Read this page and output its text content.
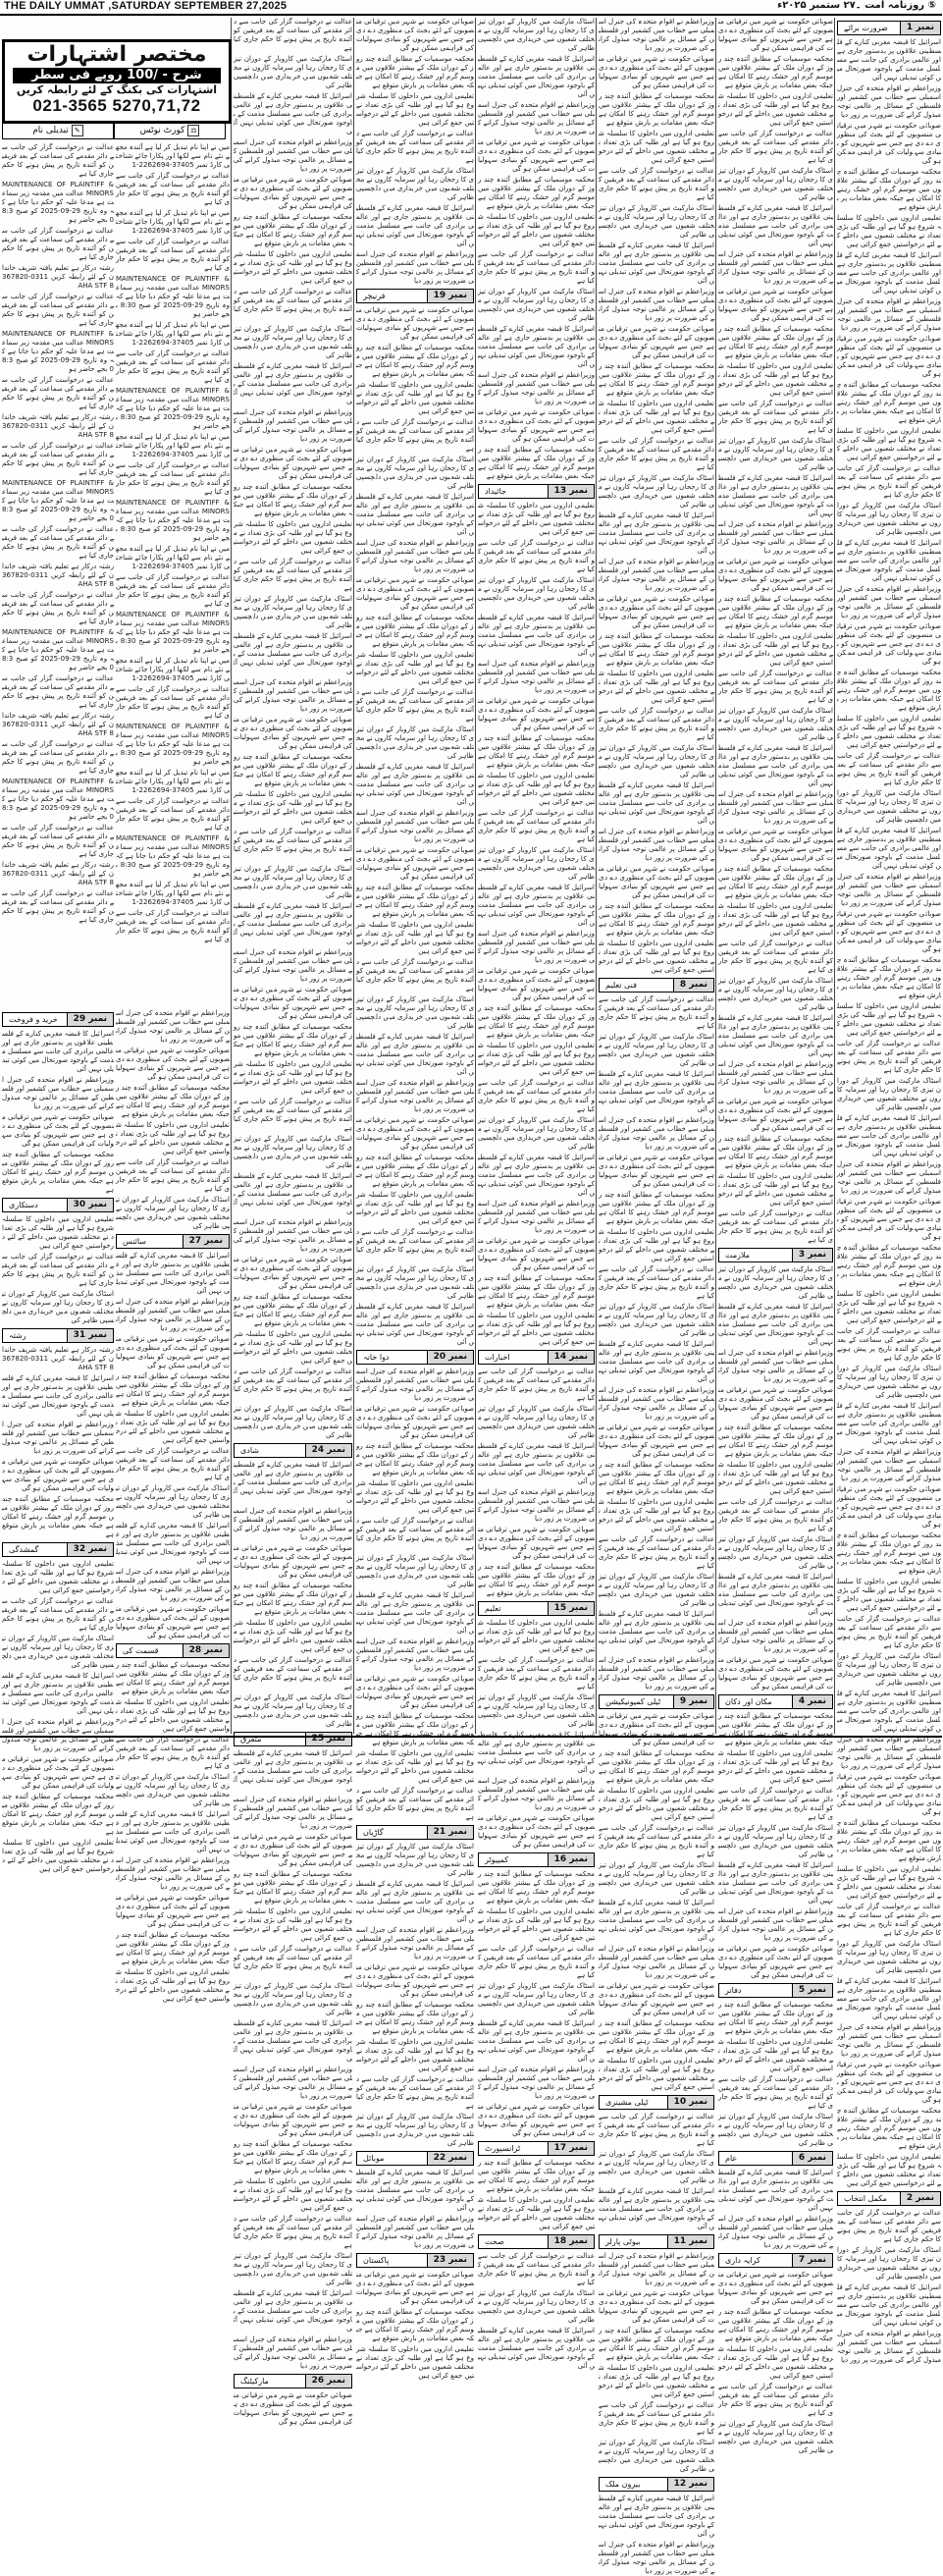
THE DAILY UMMAT ,SATURDAY SEPTEMBER 27,2025	⑤ روزنامہ امت ۔۲۷ ستمبر ۲۰۲۵ء
نمبر 1
ضرورت برائے

اسرائیل کا قبضہ مغربی کنارے کے فلسطینی علاقوں پر بدستور جاری ہے اور عالمی برادری کی جانب سے مسلسل مذمت کے باوجود صورتحال میں کوئی تبدیلی نہیں آئی

وزیراعظم نے اقوام متحدہ کی جنرل اسمبلی سے خطاب میں کشمیر اور فلسطین کے مسائل پر عالمی توجہ مبذول کرانے کی ضرورت پر زور دیا

صوبائی حکومت نے شہر میں ترقیاتی منصوبوں کے لئے بجٹ کی منظوری دے دی ہے جس سے شہریوں کو بنیادی سہولیات کی فراہمی ممکن ہو گی

محکمہ موسمیات کے مطابق آئندہ چند روز کے دوران ملک کے بیشتر علاقوں میں موسم گرم اور خشک رہنے کا امکان ہے جبکہ بعض مقامات پر بارش متوقع ہے

تعلیمی اداروں میں داخلوں کا سلسلہ شروع ہو گیا ہے اور طلبہ کی بڑی تعداد نے مختلف شعبوں میں داخلے کے لئے درخواستیں جمع کرائی ہیں

اسرائیل کا قبضہ مغربی کنارے کے فلسطینی علاقوں پر بدستور جاری ہے اور عالمی برادری کی جانب سے مسلسل مذمت کے باوجود صورتحال میں کوئی تبدیلی نہیں آئی

وزیراعظم نے اقوام متحدہ کی جنرل اسمبلی سے خطاب میں کشمیر اور فلسطین کے مسائل پر عالمی توجہ مبذول کرانے کی ضرورت پر زور دیا

صوبائی حکومت نے شہر میں ترقیاتی منصوبوں کے لئے بجٹ کی منظوری دے دی ہے جس سے شہریوں کو بنیادی سہولیات کی فراہمی ممکن ہو گی

محکمہ موسمیات کے مطابق آئندہ چند روز کے دوران ملک کے بیشتر علاقوں میں موسم گرم اور خشک رہنے کا امکان ہے جبکہ بعض مقامات پر بارش متوقع ہے

تعلیمی اداروں میں داخلوں کا سلسلہ شروع ہو گیا ہے اور طلبہ کی بڑی تعداد نے مختلف شعبوں میں داخلے کے لئے درخواستیں جمع کرائی ہیں

عدالت نے درخواست گزار کی جانب سے دائر مقدمے کی سماعت کے بعد فریقین کو آئندہ تاریخ پر پیش ہونے کا حکم جاری کیا ہے

اسٹاک مارکیٹ میں کاروبار کے دوران تیزی کا رجحان رہا اور سرمایہ کاروں نے مختلف شعبوں میں خریداری میں دلچسپی ظاہر کی

اسرائیل کا قبضہ مغربی کنارے کے فلسطینی علاقوں پر بدستور جاری ہے اور عالمی برادری کی جانب سے مسلسل مذمت کے باوجود صورتحال میں کوئی تبدیلی نہیں آئی

وزیراعظم نے اقوام متحدہ کی جنرل اسمبلی سے خطاب میں کشمیر اور فلسطین کے مسائل پر عالمی توجہ مبذول کرانے کی ضرورت پر زور دیا

صوبائی حکومت نے شہر میں ترقیاتی منصوبوں کے لئے بجٹ کی منظوری دے دی ہے جس سے شہریوں کو بنیادی سہولیات کی فراہمی ممکن ہو گی

محکمہ موسمیات کے مطابق آئندہ چند روز کے دوران ملک کے بیشتر علاقوں میں موسم گرم اور خشک رہنے کا امکان ہے جبکہ بعض مقامات پر بارش متوقع ہے

تعلیمی اداروں میں داخلوں کا سلسلہ شروع ہو گیا ہے اور طلبہ کی بڑی تعداد نے مختلف شعبوں میں داخلے کے لئے درخواستیں جمع کرائی ہیں

عدالت نے درخواست گزار کی جانب سے دائر مقدمے کی سماعت کے بعد فریقین کو آئندہ تاریخ پر پیش ہونے کا حکم جاری کیا ہے

اسٹاک مارکیٹ میں کاروبار کے دوران تیزی کا رجحان رہا اور سرمایہ کاروں نے مختلف شعبوں میں خریداری میں دلچسپی ظاہر کی

اسرائیل کا قبضہ مغربی کنارے کے فلسطینی علاقوں پر بدستور جاری ہے اور عالمی برادری کی جانب سے مسلسل مذمت کے باوجود صورتحال میں کوئی تبدیلی نہیں آئی

وزیراعظم نے اقوام متحدہ کی جنرل اسمبلی سے خطاب میں کشمیر اور فلسطین کے مسائل پر عالمی توجہ مبذول کرانے کی ضرورت پر زور دیا

صوبائی حکومت نے شہر میں ترقیاتی منصوبوں کے لئے بجٹ کی منظوری دے دی ہے جس سے شہریوں کو بنیادی سہولیات کی فراہمی ممکن ہو گی

محکمہ موسمیات کے مطابق آئندہ چند روز کے دوران ملک کے بیشتر علاقوں میں موسم گرم اور خشک رہنے کا امکان ہے جبکہ بعض مقامات پر بارش متوقع ہے

تعلیمی اداروں میں داخلوں کا سلسلہ شروع ہو گیا ہے اور طلبہ کی بڑی تعداد نے مختلف شعبوں میں داخلے کے لئے درخواستیں جمع کرائی ہیں

عدالت نے درخواست گزار کی جانب سے دائر مقدمے کی سماعت کے بعد فریقین کو آئندہ تاریخ پر پیش ہونے کا حکم جاری کیا ہے

اسٹاک مارکیٹ میں کاروبار کے دوران تیزی کا رجحان رہا اور سرمایہ کاروں نے مختلف شعبوں میں خریداری میں دلچسپی ظاہر کی

اسرائیل کا قبضہ مغربی کنارے کے فلسطینی علاقوں پر بدستور جاری ہے اور عالمی برادری کی جانب سے مسلسل مذمت کے باوجود صورتحال میں کوئی تبدیلی نہیں آئی

وزیراعظم نے اقوام متحدہ کی جنرل اسمبلی سے خطاب میں کشمیر اور فلسطین کے مسائل پر عالمی توجہ مبذول کرانے کی ضرورت پر زور دیا

صوبائی حکومت نے شہر میں ترقیاتی منصوبوں کے لئے بجٹ کی منظوری دے دی ہے جس سے شہریوں کو بنیادی سہولیات کی فراہمی ممکن ہو گی

محکمہ موسمیات کے مطابق آئندہ چند روز کے دوران ملک کے بیشتر علاقوں میں موسم گرم اور خشک رہنے کا امکان ہے جبکہ بعض مقامات پر بارش متوقع ہے

تعلیمی اداروں میں داخلوں کا سلسلہ شروع ہو گیا ہے اور طلبہ کی بڑی تعداد نے مختلف شعبوں میں داخلے کے لئے درخواستیں جمع کرائی ہیں

عدالت نے درخواست گزار کی جانب سے دائر مقدمے کی سماعت کے بعد فریقین کو آئندہ تاریخ پر پیش ہونے کا حکم جاری کیا ہے

اسٹاک مارکیٹ میں کاروبار کے دوران تیزی کا رجحان رہا اور سرمایہ کاروں نے مختلف شعبوں میں خریداری میں دلچسپی ظاہر کی

اسرائیل کا قبضہ مغربی کنارے کے فلسطینی علاقوں پر بدستور جاری ہے اور عالمی برادری کی جانب سے مسلسل مذمت کے باوجود صورتحال میں کوئی تبدیلی نہیں آئی

وزیراعظم نے اقوام متحدہ کی جنرل اسمبلی سے خطاب میں کشمیر اور فلسطین کے مسائل پر عالمی توجہ مبذول کرانے کی ضرورت پر زور دیا

صوبائی حکومت نے شہر میں ترقیاتی منصوبوں کے لئے بجٹ کی منظوری دے دی ہے جس سے شہریوں کو بنیادی سہولیات کی فراہمی ممکن ہو گی

محکمہ موسمیات کے مطابق آئندہ چند روز کے دوران ملک کے بیشتر علاقوں میں موسم گرم اور خشک رہنے کا امکان ہے جبکہ بعض مقامات پر بارش متوقع ہے

تعلیمی اداروں میں داخلوں کا سلسلہ شروع ہو گیا ہے اور طلبہ کی بڑی تعداد نے مختلف شعبوں میں داخلے کے لئے درخواستیں جمع کرائی ہیں

عدالت نے درخواست گزار کی جانب سے دائر مقدمے کی سماعت کے بعد فریقین کو آئندہ تاریخ پر پیش ہونے کا حکم جاری کیا ہے

اسٹاک مارکیٹ میں کاروبار کے دوران تیزی کا رجحان رہا اور سرمایہ کاروں نے مختلف شعبوں میں خریداری میں دلچسپی ظاہر کی

اسرائیل کا قبضہ مغربی کنارے کے فلسطینی علاقوں پر بدستور جاری ہے اور عالمی برادری کی جانب سے مسلسل مذمت کے باوجود صورتحال میں کوئی تبدیلی نہیں آئی

وزیراعظم نے اقوام متحدہ کی جنرل اسمبلی سے خطاب میں کشمیر اور فلسطین کے مسائل پر عالمی توجہ مبذول کرانے کی ضرورت پر زور دیا

صوبائی حکومت نے شہر میں ترقیاتی منصوبوں کے لئے بجٹ کی منظوری دے دی ہے جس سے شہریوں کو بنیادی سہولیات کی فراہمی ممکن ہو گی

محکمہ موسمیات کے مطابق آئندہ چند روز کے دوران ملک کے بیشتر علاقوں میں موسم گرم اور خشک رہنے کا امکان ہے جبکہ بعض مقامات پر بارش متوقع ہے

تعلیمی اداروں میں داخلوں کا سلسلہ شروع ہو گیا ہے اور طلبہ کی بڑی تعداد نے مختلف شعبوں میں داخلے کے لئے درخواستیں جمع کرائی ہیں

عدالت نے درخواست گزار کی جانب سے دائر مقدمے کی سماعت کے بعد فریقین کو آئندہ تاریخ پر پیش ہونے کا حکم جاری کیا ہے

اسٹاک مارکیٹ میں کاروبار کے دوران تیزی کا رجحان رہا اور سرمایہ کاروں نے مختلف شعبوں میں خریداری میں دلچسپی ظاہر کی

اسرائیل کا قبضہ مغربی کنارے کے فلسطینی علاقوں پر بدستور جاری ہے اور عالمی برادری کی جانب سے مسلسل مذمت کے باوجود صورتحال میں کوئی تبدیلی نہیں آئی

وزیراعظم نے اقوام متحدہ کی جنرل اسمبلی سے خطاب میں کشمیر اور فلسطین کے مسائل پر عالمی توجہ مبذول کرانے کی ضرورت پر زور دیا

صوبائی حکومت نے شہر میں ترقیاتی منصوبوں کے لئے بجٹ کی منظوری دے دی ہے جس سے شہریوں کو بنیادی سہولیات کی فراہمی ممکن ہو گی

محکمہ موسمیات کے مطابق آئندہ چند روز کے دوران ملک کے بیشتر علاقوں میں موسم گرم اور خشک رہنے کا امکان ہے جبکہ بعض مقامات پر بارش متوقع ہے

تعلیمی اداروں میں داخلوں کا سلسلہ شروع ہو گیا ہے اور طلبہ کی بڑی تعداد نے مختلف شعبوں میں داخلے کے لئے درخواستیں جمع کرائی ہیں

نمبر 2
مکمل انتخاب

عدالت نے درخواست گزار کی جانب سے دائر مقدمے کی سماعت کے بعد فریقین کو آئندہ تاریخ پر پیش ہونے کا حکم جاری کیا ہے

اسٹاک مارکیٹ میں کاروبار کے دوران تیزی کا رجحان رہا اور سرمایہ کاروں نے مختلف شعبوں میں خریداری میں دلچسپی ظاہر کی

اسرائیل کا قبضہ مغربی کنارے کے فلسطینی علاقوں پر بدستور جاری ہے اور عالمی برادری کی جانب سے مسلسل مذمت کے باوجود صورتحال میں کوئی تبدیلی نہیں آئی

وزیراعظم نے اقوام متحدہ کی جنرل اسمبلی سے خطاب میں کشمیر اور فلسطین کے مسائل پر عالمی توجہ مبذول کرانے کی ضرورت پر زور دیا

صوبائی حکومت نے شہر میں ترقیاتی منصوبوں کے لئے بجٹ کی منظوری دے دی ہے جس سے شہریوں کو بنیادی سہولیات کی فراہمی ممکن ہو گی

محکمہ موسمیات کے مطابق آئندہ چند روز کے دوران ملک کے بیشتر علاقوں میں موسم گرم اور خشک رہنے کا امکان ہے جبکہ بعض مقامات پر بارش متوقع ہے

تعلیمی اداروں میں داخلوں کا سلسلہ شروع ہو گیا ہے اور طلبہ کی بڑی تعداد نے مختلف شعبوں میں داخلے کے لئے درخواستیں جمع کرائی ہیں

عدالت نے درخواست گزار کی جانب سے دائر مقدمے کی سماعت کے بعد فریقین کو آئندہ تاریخ پر پیش ہونے کا حکم جاری کیا ہے

اسٹاک مارکیٹ میں کاروبار کے دوران تیزی کا رجحان رہا اور سرمایہ کاروں نے مختلف شعبوں میں خریداری میں دلچسپی ظاہر کی

اسرائیل کا قبضہ مغربی کنارے کے فلسطینی علاقوں پر بدستور جاری ہے اور عالمی برادری کی جانب سے مسلسل مذمت کے باوجود صورتحال میں کوئی تبدیلی نہیں آئی

وزیراعظم نے اقوام متحدہ کی جنرل اسمبلی سے خطاب میں کشمیر اور فلسطین کے مسائل پر عالمی توجہ مبذول کرانے کی ضرورت پر زور دیا

صوبائی حکومت نے شہر میں ترقیاتی منصوبوں کے لئے بجٹ کی منظوری دے دی ہے جس سے شہریوں کو بنیادی سہولیات کی فراہمی ممکن ہو گی

محکمہ موسمیات کے مطابق آئندہ چند روز کے دوران ملک کے بیشتر علاقوں میں موسم گرم اور خشک رہنے کا امکان ہے جبکہ بعض مقامات پر بارش متوقع ہے

تعلیمی اداروں میں داخلوں کا سلسلہ شروع ہو گیا ہے اور طلبہ کی بڑی تعداد نے مختلف شعبوں میں داخلے کے لئے درخواستیں جمع کرائی ہیں

عدالت نے درخواست گزار کی جانب سے دائر مقدمے کی سماعت کے بعد فریقین کو آئندہ تاریخ پر پیش ہونے کا حکم جاری کیا ہے

اسٹاک مارکیٹ میں کاروبار کے دوران تیزی کا رجحان رہا اور سرمایہ کاروں نے مختلف شعبوں میں خریداری میں دلچسپی ظاہر کی

اسرائیل کا قبضہ مغربی کنارے کے فلسطینی علاقوں پر بدستور جاری ہے اور عالمی برادری کی جانب سے مسلسل مذمت کے باوجود صورتحال میں کوئی تبدیلی نہیں آئی

وزیراعظم نے اقوام متحدہ کی جنرل اسمبلی سے خطاب میں کشمیر اور فلسطین کے مسائل پر عالمی توجہ مبذول کرانے کی ضرورت پر زور دیا

صوبائی حکومت نے شہر میں ترقیاتی منصوبوں کے لئے بجٹ کی منظوری دے دی ہے جس سے شہریوں کو بنیادی سہولیات کی فراہمی ممکن ہو گی

محکمہ موسمیات کے مطابق آئندہ چند روز کے دوران ملک کے بیشتر علاقوں میں موسم گرم اور خشک رہنے کا امکان ہے جبکہ بعض مقامات پر بارش متوقع ہے

تعلیمی اداروں میں داخلوں کا سلسلہ شروع ہو گیا ہے اور طلبہ کی بڑی تعداد نے مختلف شعبوں میں داخلے کے لئے درخواستیں جمع کرائی ہیں

عدالت نے درخواست گزار کی جانب سے دائر مقدمے کی سماعت کے بعد فریقین کو آئندہ تاریخ پر پیش ہونے کا حکم جاری کیا ہے

اسٹاک مارکیٹ میں کاروبار کے دوران تیزی کا رجحان رہا اور سرمایہ کاروں نے مختلف شعبوں میں خریداری میں دلچسپی ظاہر کی

اسرائیل کا قبضہ مغربی کنارے کے فلسطینی علاقوں پر بدستور جاری ہے اور عالمی برادری کی جانب سے مسلسل مذمت کے باوجود صورتحال میں کوئی تبدیلی نہیں آئی

وزیراعظم نے اقوام متحدہ کی جنرل اسمبلی سے خطاب میں کشمیر اور فلسطین کے مسائل پر عالمی توجہ مبذول کرانے کی ضرورت پر زور دیا

صوبائی حکومت نے شہر میں ترقیاتی منصوبوں کے لئے بجٹ کی منظوری دے دی ہے جس سے شہریوں کو بنیادی سہولیات کی فراہمی ممکن ہو گی

محکمہ موسمیات کے مطابق آئندہ چند روز کے دوران ملک کے بیشتر علاقوں میں موسم گرم اور خشک رہنے کا امکان ہے جبکہ بعض مقامات پر بارش متوقع ہے

تعلیمی اداروں میں داخلوں کا سلسلہ شروع ہو گیا ہے اور طلبہ کی بڑی تعداد نے مختلف شعبوں میں داخلے کے لئے درخواستیں جمع کرائی ہیں

عدالت نے درخواست گزار کی جانب سے دائر مقدمے کی سماعت کے بعد فریقین کو آئندہ تاریخ پر پیش ہونے کا حکم جاری کیا ہے

اسٹاک مارکیٹ میں کاروبار کے دوران تیزی کا رجحان رہا اور سرمایہ کاروں نے مختلف شعبوں میں خریداری میں دلچسپی ظاہر کی

اسرائیل کا قبضہ مغربی کنارے کے فلسطینی علاقوں پر بدستور جاری ہے اور عالمی برادری کی جانب سے مسلسل مذمت کے باوجود صورتحال میں کوئی تبدیلی نہیں آئی

وزیراعظم نے اقوام متحدہ کی جنرل اسمبلی سے خطاب میں کشمیر اور فلسطین کے مسائل پر عالمی توجہ مبذول کرانے کی ضرورت پر زور دیا

صوبائی حکومت نے شہر میں ترقیاتی منصوبوں کے لئے بجٹ کی منظوری دے دی ہے جس سے شہریوں کو بنیادی سہولیات کی فراہمی ممکن ہو گی

محکمہ موسمیات کے مطابق آئندہ چند روز کے دوران ملک کے بیشتر علاقوں میں موسم گرم اور خشک رہنے کا امکان ہے جبکہ بعض مقامات پر بارش متوقع ہے

تعلیمی اداروں میں داخلوں کا سلسلہ شروع ہو گیا ہے اور طلبہ کی بڑی تعداد نے مختلف شعبوں میں داخلے کے لئے درخواستیں جمع کرائی ہیں

عدالت نے درخواست گزار کی جانب سے دائر مقدمے کی سماعت کے بعد فریقین کو آئندہ تاریخ پر پیش ہونے کا حکم جاری کیا ہے

نمبر 3
ملازمت

اسٹاک مارکیٹ میں کاروبار کے دوران تیزی کا رجحان رہا اور سرمایہ کاروں نے مختلف شعبوں میں خریداری میں دلچسپی ظاہر کی

اسرائیل کا قبضہ مغربی کنارے کے فلسطینی علاقوں پر بدستور جاری ہے اور عالمی برادری کی جانب سے مسلسل مذمت کے باوجود صورتحال میں کوئی تبدیلی نہیں آئی

وزیراعظم نے اقوام متحدہ کی جنرل اسمبلی سے خطاب میں کشمیر اور فلسطین کے مسائل پر عالمی توجہ مبذول کرانے کی ضرورت پر زور دیا

صوبائی حکومت نے شہر میں ترقیاتی منصوبوں کے لئے بجٹ کی منظوری دے دی ہے جس سے شہریوں کو بنیادی سہولیات کی فراہمی ممکن ہو گی

محکمہ موسمیات کے مطابق آئندہ چند روز کے دوران ملک کے بیشتر علاقوں میں موسم گرم اور خشک رہنے کا امکان ہے جبکہ بعض مقامات پر بارش متوقع ہے

تعلیمی اداروں میں داخلوں کا سلسلہ شروع ہو گیا ہے اور طلبہ کی بڑی تعداد نے مختلف شعبوں میں داخلے کے لئے درخواستیں جمع کرائی ہیں

عدالت نے درخواست گزار کی جانب سے دائر مقدمے کی سماعت کے بعد فریقین کو آئندہ تاریخ پر پیش ہونے کا حکم جاری کیا ہے

اسٹاک مارکیٹ میں کاروبار کے دوران تیزی کا رجحان رہا اور سرمایہ کاروں نے مختلف شعبوں میں خریداری میں دلچسپی ظاہر کی

اسرائیل کا قبضہ مغربی کنارے کے فلسطینی علاقوں پر بدستور جاری ہے اور عالمی برادری کی جانب سے مسلسل مذمت کے باوجود صورتحال میں کوئی تبدیلی نہیں آئی

وزیراعظم نے اقوام متحدہ کی جنرل اسمبلی سے خطاب میں کشمیر اور فلسطین کے مسائل پر عالمی توجہ مبذول کرانے کی ضرورت پر زور دیا

صوبائی حکومت نے شہر میں ترقیاتی منصوبوں کے لئے بجٹ کی منظوری دے دی ہے جس سے شہریوں کو بنیادی سہولیات کی فراہمی ممکن ہو گی

نمبر 4
مکان اور دکان

محکمہ موسمیات کے مطابق آئندہ چند روز کے دوران ملک کے بیشتر علاقوں میں موسم گرم اور خشک رہنے کا امکان ہے جبکہ بعض مقامات پر بارش متوقع ہے

تعلیمی اداروں میں داخلوں کا سلسلہ شروع ہو گیا ہے اور طلبہ کی بڑی تعداد نے مختلف شعبوں میں داخلے کے لئے درخواستیں جمع کرائی ہیں

عدالت نے درخواست گزار کی جانب سے دائر مقدمے کی سماعت کے بعد فریقین کو آئندہ تاریخ پر پیش ہونے کا حکم جاری کیا ہے

اسٹاک مارکیٹ میں کاروبار کے دوران تیزی کا رجحان رہا اور سرمایہ کاروں نے مختلف شعبوں میں خریداری میں دلچسپی ظاہر کی

اسرائیل کا قبضہ مغربی کنارے کے فلسطینی علاقوں پر بدستور جاری ہے اور عالمی برادری کی جانب سے مسلسل مذمت کے باوجود صورتحال میں کوئی تبدیلی نہیں آئی

وزیراعظم نے اقوام متحدہ کی جنرل اسمبلی سے خطاب میں کشمیر اور فلسطین کے مسائل پر عالمی توجہ مبذول کرانے کی ضرورت پر زور دیا

صوبائی حکومت نے شہر میں ترقیاتی منصوبوں کے لئے بجٹ کی منظوری دے دی ہے جس سے شہریوں کو بنیادی سہولیات کی فراہمی ممکن ہو گی

نمبر 5
دفاتر

محکمہ موسمیات کے مطابق آئندہ چند روز کے دوران ملک کے بیشتر علاقوں میں موسم گرم اور خشک رہنے کا امکان ہے جبکہ بعض مقامات پر بارش متوقع ہے

تعلیمی اداروں میں داخلوں کا سلسلہ شروع ہو گیا ہے اور طلبہ کی بڑی تعداد نے مختلف شعبوں میں داخلے کے لئے درخواستیں جمع کرائی ہیں

عدالت نے درخواست گزار کی جانب سے دائر مقدمے کی سماعت کے بعد فریقین کو آئندہ تاریخ پر پیش ہونے کا حکم جاری کیا ہے

اسٹاک مارکیٹ میں کاروبار کے دوران تیزی کا رجحان رہا اور سرمایہ کاروں نے مختلف شعبوں میں خریداری میں دلچسپی ظاہر کی

نمبر 6
عام

اسرائیل کا قبضہ مغربی کنارے کے فلسطینی علاقوں پر بدستور جاری ہے اور عالمی برادری کی جانب سے مسلسل مذمت کے باوجود صورتحال میں کوئی تبدیلی نہیں آئی

وزیراعظم نے اقوام متحدہ کی جنرل اسمبلی سے خطاب میں کشمیر اور فلسطین کے مسائل پر عالمی توجہ مبذول کرانے کی ضرورت پر زور دیا

نمبر 7
کرایہ داری

صوبائی حکومت نے شہر میں ترقیاتی منصوبوں کے لئے بجٹ کی منظوری دے دی ہے جس سے شہریوں کو بنیادی سہولیات کی فراہمی ممکن ہو گی

محکمہ موسمیات کے مطابق آئندہ چند روز کے دوران ملک کے بیشتر علاقوں میں موسم گرم اور خشک رہنے کا امکان ہے جبکہ بعض مقامات پر بارش متوقع ہے

تعلیمی اداروں میں داخلوں کا سلسلہ شروع ہو گیا ہے اور طلبہ کی بڑی تعداد نے مختلف شعبوں میں داخلے کے لئے درخواستیں جمع کرائی ہیں

عدالت نے درخواست گزار کی جانب سے دائر مقدمے کی سماعت کے بعد فریقین کو آئندہ تاریخ پر پیش ہونے کا حکم جاری کیا ہے

اسٹاک مارکیٹ میں کاروبار کے دوران تیزی کا رجحان رہا اور سرمایہ کاروں نے مختلف شعبوں میں خریداری میں دلچسپی ظاہر کی

وزیراعظم نے اقوام متحدہ کی جنرل اسمبلی سے خطاب میں کشمیر اور فلسطین کے مسائل پر عالمی توجہ مبذول کرانے کی ضرورت پر زور دیا

صوبائی حکومت نے شہر میں ترقیاتی منصوبوں کے لئے بجٹ کی منظوری دے دی ہے جس سے شہریوں کو بنیادی سہولیات کی فراہمی ممکن ہو گی

محکمہ موسمیات کے مطابق آئندہ چند روز کے دوران ملک کے بیشتر علاقوں میں موسم گرم اور خشک رہنے کا امکان ہے جبکہ بعض مقامات پر بارش متوقع ہے

تعلیمی اداروں میں داخلوں کا سلسلہ شروع ہو گیا ہے اور طلبہ کی بڑی تعداد نے مختلف شعبوں میں داخلے کے لئے درخواستیں جمع کرائی ہیں

عدالت نے درخواست گزار کی جانب سے دائر مقدمے کی سماعت کے بعد فریقین کو آئندہ تاریخ پر پیش ہونے کا حکم جاری کیا ہے

اسٹاک مارکیٹ میں کاروبار کے دوران تیزی کا رجحان رہا اور سرمایہ کاروں نے مختلف شعبوں میں خریداری میں دلچسپی ظاہر کی

اسرائیل کا قبضہ مغربی کنارے کے فلسطینی علاقوں پر بدستور جاری ہے اور عالمی برادری کی جانب سے مسلسل مذمت کے باوجود صورتحال میں کوئی تبدیلی نہیں آئی

وزیراعظم نے اقوام متحدہ کی جنرل اسمبلی سے خطاب میں کشمیر اور فلسطین کے مسائل پر عالمی توجہ مبذول کرانے کی ضرورت پر زور دیا

صوبائی حکومت نے شہر میں ترقیاتی منصوبوں کے لئے بجٹ کی منظوری دے دی ہے جس سے شہریوں کو بنیادی سہولیات کی فراہمی ممکن ہو گی

محکمہ موسمیات کے مطابق آئندہ چند روز کے دوران ملک کے بیشتر علاقوں میں موسم گرم اور خشک رہنے کا امکان ہے جبکہ بعض مقامات پر بارش متوقع ہے

تعلیمی اداروں میں داخلوں کا سلسلہ شروع ہو گیا ہے اور طلبہ کی بڑی تعداد نے مختلف شعبوں میں داخلے کے لئے درخواستیں جمع کرائی ہیں

عدالت نے درخواست گزار کی جانب سے دائر مقدمے کی سماعت کے بعد فریقین کو آئندہ تاریخ پر پیش ہونے کا حکم جاری کیا ہے

اسٹاک مارکیٹ میں کاروبار کے دوران تیزی کا رجحان رہا اور سرمایہ کاروں نے مختلف شعبوں میں خریداری میں دلچسپی ظاہر کی

اسرائیل کا قبضہ مغربی کنارے کے فلسطینی علاقوں پر بدستور جاری ہے اور عالمی برادری کی جانب سے مسلسل مذمت کے باوجود صورتحال میں کوئی تبدیلی نہیں آئی

وزیراعظم نے اقوام متحدہ کی جنرل اسمبلی سے خطاب میں کشمیر اور فلسطین کے مسائل پر عالمی توجہ مبذول کرانے کی ضرورت پر زور دیا

صوبائی حکومت نے شہر میں ترقیاتی منصوبوں کے لئے بجٹ کی منظوری دے دی ہے جس سے شہریوں کو بنیادی سہولیات کی فراہمی ممکن ہو گی

محکمہ موسمیات کے مطابق آئندہ چند روز کے دوران ملک کے بیشتر علاقوں میں موسم گرم اور خشک رہنے کا امکان ہے جبکہ بعض مقامات پر بارش متوقع ہے

تعلیمی اداروں میں داخلوں کا سلسلہ شروع ہو گیا ہے اور طلبہ کی بڑی تعداد نے مختلف شعبوں میں داخلے کے لئے درخواستیں جمع کرائی ہیں

عدالت نے درخواست گزار کی جانب سے دائر مقدمے کی سماعت کے بعد فریقین کو آئندہ تاریخ پر پیش ہونے کا حکم جاری کیا ہے

اسٹاک مارکیٹ میں کاروبار کے دوران تیزی کا رجحان رہا اور سرمایہ کاروں نے مختلف شعبوں میں خریداری میں دلچسپی ظاہر کی

اسرائیل کا قبضہ مغربی کنارے کے فلسطینی علاقوں پر بدستور جاری ہے اور عالمی برادری کی جانب سے مسلسل مذمت کے باوجود صورتحال میں کوئی تبدیلی نہیں آئی

وزیراعظم نے اقوام متحدہ کی جنرل اسمبلی سے خطاب میں کشمیر اور فلسطین کے مسائل پر عالمی توجہ مبذول کرانے کی ضرورت پر زور دیا

صوبائی حکومت نے شہر میں ترقیاتی منصوبوں کے لئے بجٹ کی منظوری دے دی ہے جس سے شہریوں کو بنیادی سہولیات کی فراہمی ممکن ہو گی

محکمہ موسمیات کے مطابق آئندہ چند روز کے دوران ملک کے بیشتر علاقوں میں موسم گرم اور خشک رہنے کا امکان ہے جبکہ بعض مقامات پر بارش متوقع ہے

تعلیمی اداروں میں داخلوں کا سلسلہ شروع ہو گیا ہے اور طلبہ کی بڑی تعداد نے مختلف شعبوں میں داخلے کے لئے درخواستیں جمع کرائی ہیں

نمبر 8
فنی تعلیم

عدالت نے درخواست گزار کی جانب سے دائر مقدمے کی سماعت کے بعد فریقین کو آئندہ تاریخ پر پیش ہونے کا حکم جاری کیا ہے

اسٹاک مارکیٹ میں کاروبار کے دوران تیزی کا رجحان رہا اور سرمایہ کاروں نے مختلف شعبوں میں خریداری میں دلچسپی ظاہر کی

اسرائیل کا قبضہ مغربی کنارے کے فلسطینی علاقوں پر بدستور جاری ہے اور عالمی برادری کی جانب سے مسلسل مذمت کے باوجود صورتحال میں کوئی تبدیلی نہیں آئی

وزیراعظم نے اقوام متحدہ کی جنرل اسمبلی سے خطاب میں کشمیر اور فلسطین کے مسائل پر عالمی توجہ مبذول کرانے کی ضرورت پر زور دیا

صوبائی حکومت نے شہر میں ترقیاتی منصوبوں کے لئے بجٹ کی منظوری دے دی ہے جس سے شہریوں کو بنیادی سہولیات کی فراہمی ممکن ہو گی

محکمہ موسمیات کے مطابق آئندہ چند روز کے دوران ملک کے بیشتر علاقوں میں موسم گرم اور خشک رہنے کا امکان ہے جبکہ بعض مقامات پر بارش متوقع ہے

تعلیمی اداروں میں داخلوں کا سلسلہ شروع ہو گیا ہے اور طلبہ کی بڑی تعداد نے مختلف شعبوں میں داخلے کے لئے درخواستیں جمع کرائی ہیں

عدالت نے درخواست گزار کی جانب سے دائر مقدمے کی سماعت کے بعد فریقین کو آئندہ تاریخ پر پیش ہونے کا حکم جاری کیا ہے

اسٹاک مارکیٹ میں کاروبار کے دوران تیزی کا رجحان رہا اور سرمایہ کاروں نے مختلف شعبوں میں خریداری میں دلچسپی ظاہر کی

اسرائیل کا قبضہ مغربی کنارے کے فلسطینی علاقوں پر بدستور جاری ہے اور عالمی برادری کی جانب سے مسلسل مذمت کے باوجود صورتحال میں کوئی تبدیلی نہیں آئی

وزیراعظم نے اقوام متحدہ کی جنرل اسمبلی سے خطاب میں کشمیر اور فلسطین کے مسائل پر عالمی توجہ مبذول کرانے کی ضرورت پر زور دیا

صوبائی حکومت نے شہر میں ترقیاتی منصوبوں کے لئے بجٹ کی منظوری دے دی ہے جس سے شہریوں کو بنیادی سہولیات کی فراہمی ممکن ہو گی

محکمہ موسمیات کے مطابق آئندہ چند روز کے دوران ملک کے بیشتر علاقوں میں موسم گرم اور خشک رہنے کا امکان ہے جبکہ بعض مقامات پر بارش متوقع ہے

تعلیمی اداروں میں داخلوں کا سلسلہ شروع ہو گیا ہے اور طلبہ کی بڑی تعداد نے مختلف شعبوں میں داخلے کے لئے درخواستیں جمع کرائی ہیں

عدالت نے درخواست گزار کی جانب سے دائر مقدمے کی سماعت کے بعد فریقین کو آئندہ تاریخ پر پیش ہونے کا حکم جاری کیا ہے

اسٹاک مارکیٹ میں کاروبار کے دوران تیزی کا رجحان رہا اور سرمایہ کاروں نے مختلف شعبوں میں خریداری میں دلچسپی ظاہر کی

اسرائیل کا قبضہ مغربی کنارے کے فلسطینی علاقوں پر بدستور جاری ہے اور عالمی برادری کی جانب سے مسلسل مذمت کے باوجود صورتحال میں کوئی تبدیلی نہیں آئی

وزیراعظم نے اقوام متحدہ کی جنرل اسمبلی سے خطاب میں کشمیر اور فلسطین کے مسائل پر عالمی توجہ مبذول کرانے کی ضرورت پر زور دیا

نمبر 9
ٹیلی کمیونیکیشن

صوبائی حکومت نے شہر میں ترقیاتی منصوبوں کے لئے بجٹ کی منظوری دے دی ہے جس سے شہریوں کو بنیادی سہولیات کی فراہمی ممکن ہو گی

محکمہ موسمیات کے مطابق آئندہ چند روز کے دوران ملک کے بیشتر علاقوں میں موسم گرم اور خشک رہنے کا امکان ہے جبکہ بعض مقامات پر بارش متوقع ہے

تعلیمی اداروں میں داخلوں کا سلسلہ شروع ہو گیا ہے اور طلبہ کی بڑی تعداد نے مختلف شعبوں میں داخلے کے لئے درخواستیں جمع کرائی ہیں

عدالت نے درخواست گزار کی جانب سے دائر مقدمے کی سماعت کے بعد فریقین کو آئندہ تاریخ پر پیش ہونے کا حکم جاری کیا ہے

اسٹاک مارکیٹ میں کاروبار کے دوران تیزی کا رجحان رہا اور سرمایہ کاروں نے مختلف شعبوں میں خریداری میں دلچسپی ظاہر کی

اسرائیل کا قبضہ مغربی کنارے کے فلسطینی علاقوں پر بدستور جاری ہے اور عالمی برادری کی جانب سے مسلسل مذمت کے باوجود صورتحال میں کوئی تبدیلی نہیں آئی

وزیراعظم نے اقوام متحدہ کی جنرل اسمبلی سے خطاب میں کشمیر اور فلسطین کے مسائل پر عالمی توجہ مبذول کرانے کی ضرورت پر زور دیا

صوبائی حکومت نے شہر میں ترقیاتی منصوبوں کے لئے بجٹ کی منظوری دے دی ہے جس سے شہریوں کو بنیادی سہولیات کی فراہمی ممکن ہو گی

محکمہ موسمیات کے مطابق آئندہ چند روز کے دوران ملک کے بیشتر علاقوں میں موسم گرم اور خشک رہنے کا امکان ہے جبکہ بعض مقامات پر بارش متوقع ہے

تعلیمی اداروں میں داخلوں کا سلسلہ شروع ہو گیا ہے اور طلبہ کی بڑی تعداد نے مختلف شعبوں میں داخلے کے لئے درخواستیں جمع کرائی ہیں

نمبر 10
ٹیلی مشینری

عدالت نے درخواست گزار کی جانب سے دائر مقدمے کی سماعت کے بعد فریقین کو آئندہ تاریخ پر پیش ہونے کا حکم جاری کیا ہے

اسٹاک مارکیٹ میں کاروبار کے دوران تیزی کا رجحان رہا اور سرمایہ کاروں نے مختلف شعبوں میں خریداری میں دلچسپی ظاہر کی

اسرائیل کا قبضہ مغربی کنارے کے فلسطینی علاقوں پر بدستور جاری ہے اور عالمی برادری کی جانب سے مسلسل مذمت کے باوجود صورتحال میں کوئی تبدیلی نہیں آئی

نمبر 11
بیوٹی پارلر

وزیراعظم نے اقوام متحدہ کی جنرل اسمبلی سے خطاب میں کشمیر اور فلسطین کے مسائل پر عالمی توجہ مبذول کرانے کی ضرورت پر زور دیا

صوبائی حکومت نے شہر میں ترقیاتی منصوبوں کے لئے بجٹ کی منظوری دے دی ہے جس سے شہریوں کو بنیادی سہولیات کی فراہمی ممکن ہو گی

محکمہ موسمیات کے مطابق آئندہ چند روز کے دوران ملک کے بیشتر علاقوں میں موسم گرم اور خشک رہنے کا امکان ہے جبکہ بعض مقامات پر بارش متوقع ہے

تعلیمی اداروں میں داخلوں کا سلسلہ شروع ہو گیا ہے اور طلبہ کی بڑی تعداد نے مختلف شعبوں میں داخلے کے لئے درخواستیں جمع کرائی ہیں

عدالت نے درخواست گزار کی جانب سے دائر مقدمے کی سماعت کے بعد فریقین کو آئندہ تاریخ پر پیش ہونے کا حکم جاری کیا ہے

اسٹاک مارکیٹ میں کاروبار کے دوران تیزی کا رجحان رہا اور سرمایہ کاروں نے مختلف شعبوں میں خریداری میں دلچسپی ظاہر کی

نمبر 12
بیرون ملک

اسرائیل کا قبضہ مغربی کنارے کے فلسطینی علاقوں پر بدستور جاری ہے اور عالمی برادری کی جانب سے مسلسل مذمت کے باوجود صورتحال میں کوئی تبدیلی نہیں آئی

وزیراعظم نے اقوام متحدہ کی جنرل اسمبلی سے خطاب میں کشمیر اور فلسطین کے مسائل پر عالمی توجہ مبذول کرانے کی ضرورت پر زور دیا

اسٹاک مارکیٹ میں کاروبار کے دوران تیزی کا رجحان رہا اور سرمایہ کاروں نے مختلف شعبوں میں خریداری میں دلچسپی ظاہر کی

اسرائیل کا قبضہ مغربی کنارے کے فلسطینی علاقوں پر بدستور جاری ہے اور عالمی برادری کی جانب سے مسلسل مذمت کے باوجود صورتحال میں کوئی تبدیلی نہیں آئی

وزیراعظم نے اقوام متحدہ کی جنرل اسمبلی سے خطاب میں کشمیر اور فلسطین کے مسائل پر عالمی توجہ مبذول کرانے کی ضرورت پر زور دیا

صوبائی حکومت نے شہر میں ترقیاتی منصوبوں کے لئے بجٹ کی منظوری دے دی ہے جس سے شہریوں کو بنیادی سہولیات کی فراہمی ممکن ہو گی

محکمہ موسمیات کے مطابق آئندہ چند روز کے دوران ملک کے بیشتر علاقوں میں موسم گرم اور خشک رہنے کا امکان ہے جبکہ بعض مقامات پر بارش متوقع ہے

تعلیمی اداروں میں داخلوں کا سلسلہ شروع ہو گیا ہے اور طلبہ کی بڑی تعداد نے مختلف شعبوں میں داخلے کے لئے درخواستیں جمع کرائی ہیں

عدالت نے درخواست گزار کی جانب سے دائر مقدمے کی سماعت کے بعد فریقین کو آئندہ تاریخ پر پیش ہونے کا حکم جاری کیا ہے

اسٹاک مارکیٹ میں کاروبار کے دوران تیزی کا رجحان رہا اور سرمایہ کاروں نے مختلف شعبوں میں خریداری میں دلچسپی ظاہر کی

اسرائیل کا قبضہ مغربی کنارے کے فلسطینی علاقوں پر بدستور جاری ہے اور عالمی برادری کی جانب سے مسلسل مذمت کے باوجود صورتحال میں کوئی تبدیلی نہیں آئی

وزیراعظم نے اقوام متحدہ کی جنرل اسمبلی سے خطاب میں کشمیر اور فلسطین کے مسائل پر عالمی توجہ مبذول کرانے کی ضرورت پر زور دیا

صوبائی حکومت نے شہر میں ترقیاتی منصوبوں کے لئے بجٹ کی منظوری دے دی ہے جس سے شہریوں کو بنیادی سہولیات کی فراہمی ممکن ہو گی

محکمہ موسمیات کے مطابق آئندہ چند روز کے دوران ملک کے بیشتر علاقوں میں موسم گرم اور خشک رہنے کا امکان ہے جبکہ بعض مقامات پر بارش متوقع ہے

نمبر 13
جائیداد

تعلیمی اداروں میں داخلوں کا سلسلہ شروع ہو گیا ہے اور طلبہ کی بڑی تعداد نے مختلف شعبوں میں داخلے کے لئے درخواستیں جمع کرائی ہیں

عدالت نے درخواست گزار کی جانب سے دائر مقدمے کی سماعت کے بعد فریقین کو آئندہ تاریخ پر پیش ہونے کا حکم جاری کیا ہے

اسٹاک مارکیٹ میں کاروبار کے دوران تیزی کا رجحان رہا اور سرمایہ کاروں نے مختلف شعبوں میں خریداری میں دلچسپی ظاہر کی

اسرائیل کا قبضہ مغربی کنارے کے فلسطینی علاقوں پر بدستور جاری ہے اور عالمی برادری کی جانب سے مسلسل مذمت کے باوجود صورتحال میں کوئی تبدیلی نہیں آئی

وزیراعظم نے اقوام متحدہ کی جنرل اسمبلی سے خطاب میں کشمیر اور فلسطین کے مسائل پر عالمی توجہ مبذول کرانے کی ضرورت پر زور دیا

صوبائی حکومت نے شہر میں ترقیاتی منصوبوں کے لئے بجٹ کی منظوری دے دی ہے جس سے شہریوں کو بنیادی سہولیات کی فراہمی ممکن ہو گی

محکمہ موسمیات کے مطابق آئندہ چند روز کے دوران ملک کے بیشتر علاقوں میں موسم گرم اور خشک رہنے کا امکان ہے جبکہ بعض مقامات پر بارش متوقع ہے

تعلیمی اداروں میں داخلوں کا سلسلہ شروع ہو گیا ہے اور طلبہ کی بڑی تعداد نے مختلف شعبوں میں داخلے کے لئے درخواستیں جمع کرائی ہیں

عدالت نے درخواست گزار کی جانب سے دائر مقدمے کی سماعت کے بعد فریقین کو آئندہ تاریخ پر پیش ہونے کا حکم جاری کیا ہے

اسٹاک مارکیٹ میں کاروبار کے دوران تیزی کا رجحان رہا اور سرمایہ کاروں نے مختلف شعبوں میں خریداری میں دلچسپی ظاہر کی

اسرائیل کا قبضہ مغربی کنارے کے فلسطینی علاقوں پر بدستور جاری ہے اور عالمی برادری کی جانب سے مسلسل مذمت کے باوجود صورتحال میں کوئی تبدیلی نہیں آئی

وزیراعظم نے اقوام متحدہ کی جنرل اسمبلی سے خطاب میں کشمیر اور فلسطین کے مسائل پر عالمی توجہ مبذول کرانے کی ضرورت پر زور دیا

صوبائی حکومت نے شہر میں ترقیاتی منصوبوں کے لئے بجٹ کی منظوری دے دی ہے جس سے شہریوں کو بنیادی سہولیات کی فراہمی ممکن ہو گی

محکمہ موسمیات کے مطابق آئندہ چند روز کے دوران ملک کے بیشتر علاقوں میں موسم گرم اور خشک رہنے کا امکان ہے جبکہ بعض مقامات پر بارش متوقع ہے

تعلیمی اداروں میں داخلوں کا سلسلہ شروع ہو گیا ہے اور طلبہ کی بڑی تعداد نے مختلف شعبوں میں داخلے کے لئے درخواستیں جمع کرائی ہیں

عدالت نے درخواست گزار کی جانب سے دائر مقدمے کی سماعت کے بعد فریقین کو آئندہ تاریخ پر پیش ہونے کا حکم جاری کیا ہے

اسٹاک مارکیٹ میں کاروبار کے دوران تیزی کا رجحان رہا اور سرمایہ کاروں نے مختلف شعبوں میں خریداری میں دلچسپی ظاہر کی

اسرائیل کا قبضہ مغربی کنارے کے فلسطینی علاقوں پر بدستور جاری ہے اور عالمی برادری کی جانب سے مسلسل مذمت کے باوجود صورتحال میں کوئی تبدیلی نہیں آئی

وزیراعظم نے اقوام متحدہ کی جنرل اسمبلی سے خطاب میں کشمیر اور فلسطین کے مسائل پر عالمی توجہ مبذول کرانے کی ضرورت پر زور دیا

صوبائی حکومت نے شہر میں ترقیاتی منصوبوں کے لئے بجٹ کی منظوری دے دی ہے جس سے شہریوں کو بنیادی سہولیات کی فراہمی ممکن ہو گی

محکمہ موسمیات کے مطابق آئندہ چند روز کے دوران ملک کے بیشتر علاقوں میں موسم گرم اور خشک رہنے کا امکان ہے جبکہ بعض مقامات پر بارش متوقع ہے

تعلیمی اداروں میں داخلوں کا سلسلہ شروع ہو گیا ہے اور طلبہ کی بڑی تعداد نے مختلف شعبوں میں داخلے کے لئے درخواستیں جمع کرائی ہیں

نمبر 14
اخبارات

عدالت نے درخواست گزار کی جانب سے دائر مقدمے کی سماعت کے بعد فریقین کو آئندہ تاریخ پر پیش ہونے کا حکم جاری کیا ہے

اسٹاک مارکیٹ میں کاروبار کے دوران تیزی کا رجحان رہا اور سرمایہ کاروں نے مختلف شعبوں میں خریداری میں دلچسپی ظاہر کی

اسرائیل کا قبضہ مغربی کنارے کے فلسطینی علاقوں پر بدستور جاری ہے اور عالمی برادری کی جانب سے مسلسل مذمت کے باوجود صورتحال میں کوئی تبدیلی نہیں آئی

وزیراعظم نے اقوام متحدہ کی جنرل اسمبلی سے خطاب میں کشمیر اور فلسطین کے مسائل پر عالمی توجہ مبذول کرانے کی ضرورت پر زور دیا

صوبائی حکومت نے شہر میں ترقیاتی منصوبوں کے لئے بجٹ کی منظوری دے دی ہے جس سے شہریوں کو بنیادی سہولیات کی فراہمی ممکن ہو گی

محکمہ موسمیات کے مطابق آئندہ چند روز کے دوران ملک کے بیشتر علاقوں میں موسم گرم اور خشک رہنے کا امکان ہے جبکہ بعض مقامات پر بارش متوقع ہے

نمبر 15
تعلیم

تعلیمی اداروں میں داخلوں کا سلسلہ شروع ہو گیا ہے اور طلبہ کی بڑی تعداد نے مختلف شعبوں میں داخلے کے لئے درخواستیں جمع کرائی ہیں

عدالت نے درخواست گزار کی جانب سے دائر مقدمے کی سماعت کے بعد فریقین کو آئندہ تاریخ پر پیش ہونے کا حکم جاری کیا ہے

اسٹاک مارکیٹ میں کاروبار کے دوران تیزی کا رجحان رہا اور سرمایہ کاروں نے مختلف شعبوں میں خریداری میں دلچسپی ظاہر کی

اسرائیل کا قبضہ مغربی کنارے کے فلسطینی علاقوں پر بدستور جاری ہے اور عالمی برادری کی جانب سے مسلسل مذمت کے باوجود صورتحال میں کوئی تبدیلی نہیں آئی

وزیراعظم نے اقوام متحدہ کی جنرل اسمبلی سے خطاب میں کشمیر اور فلسطین کے مسائل پر عالمی توجہ مبذول کرانے کی ضرورت پر زور دیا

صوبائی حکومت نے شہر میں ترقیاتی منصوبوں کے لئے بجٹ کی منظوری دے دی ہے جس سے شہریوں کو بنیادی سہولیات کی فراہمی ممکن ہو گی

نمبر 16
کمپیوٹر

محکمہ موسمیات کے مطابق آئندہ چند روز کے دوران ملک کے بیشتر علاقوں میں موسم گرم اور خشک رہنے کا امکان ہے جبکہ بعض مقامات پر بارش متوقع ہے

تعلیمی اداروں میں داخلوں کا سلسلہ شروع ہو گیا ہے اور طلبہ کی بڑی تعداد نے مختلف شعبوں میں داخلے کے لئے درخواستیں جمع کرائی ہیں

عدالت نے درخواست گزار کی جانب سے دائر مقدمے کی سماعت کے بعد فریقین کو آئندہ تاریخ پر پیش ہونے کا حکم جاری کیا ہے

اسٹاک مارکیٹ میں کاروبار کے دوران تیزی کا رجحان رہا اور سرمایہ کاروں نے مختلف شعبوں میں خریداری میں دلچسپی ظاہر کی

اسرائیل کا قبضہ مغربی کنارے کے فلسطینی علاقوں پر بدستور جاری ہے اور عالمی برادری کی جانب سے مسلسل مذمت کے باوجود صورتحال میں کوئی تبدیلی نہیں آئی

وزیراعظم نے اقوام متحدہ کی جنرل اسمبلی سے خطاب میں کشمیر اور فلسطین کے مسائل پر عالمی توجہ مبذول کرانے کی ضرورت پر زور دیا

صوبائی حکومت نے شہر میں ترقیاتی منصوبوں کے لئے بجٹ کی منظوری دے دی ہے جس سے شہریوں کو بنیادی سہولیات کی فراہمی ممکن ہو گی

نمبر 17
ٹرانسپورٹ

محکمہ موسمیات کے مطابق آئندہ چند روز کے دوران ملک کے بیشتر علاقوں میں موسم گرم اور خشک رہنے کا امکان ہے جبکہ بعض مقامات پر بارش متوقع ہے

تعلیمی اداروں میں داخلوں کا سلسلہ شروع ہو گیا ہے اور طلبہ کی بڑی تعداد نے مختلف شعبوں میں داخلے کے لئے درخواستیں جمع کرائی ہیں

نمبر 18
صحت

عدالت نے درخواست گزار کی جانب سے دائر مقدمے کی سماعت کے بعد فریقین کو آئندہ تاریخ پر پیش ہونے کا حکم جاری کیا ہے

اسٹاک مارکیٹ میں کاروبار کے دوران تیزی کا رجحان رہا اور سرمایہ کاروں نے مختلف شعبوں میں خریداری میں دلچسپی ظاہر کی

اسرائیل کا قبضہ مغربی کنارے کے فلسطینی علاقوں پر بدستور جاری ہے اور عالمی برادری کی جانب سے مسلسل مذمت کے باوجود صورتحال میں کوئی تبدیلی نہیں آئی

صوبائی حکومت نے شہر میں ترقیاتی منصوبوں کے لئے بجٹ کی منظوری دے دی ہے جس سے شہریوں کو بنیادی سہولیات کی فراہمی ممکن ہو گی

محکمہ موسمیات کے مطابق آئندہ چند روز کے دوران ملک کے بیشتر علاقوں میں موسم گرم اور خشک رہنے کا امکان ہے جبکہ بعض مقامات پر بارش متوقع ہے

تعلیمی اداروں میں داخلوں کا سلسلہ شروع ہو گیا ہے اور طلبہ کی بڑی تعداد نے مختلف شعبوں میں داخلے کے لئے درخواستیں جمع کرائی ہیں

عدالت نے درخواست گزار کی جانب سے دائر مقدمے کی سماعت کے بعد فریقین کو آئندہ تاریخ پر پیش ہونے کا حکم جاری کیا ہے

اسٹاک مارکیٹ میں کاروبار کے دوران تیزی کا رجحان رہا اور سرمایہ کاروں نے مختلف شعبوں میں خریداری میں دلچسپی ظاہر کی

اسرائیل کا قبضہ مغربی کنارے کے فلسطینی علاقوں پر بدستور جاری ہے اور عالمی برادری کی جانب سے مسلسل مذمت کے باوجود صورتحال میں کوئی تبدیلی نہیں آئی

وزیراعظم نے اقوام متحدہ کی جنرل اسمبلی سے خطاب میں کشمیر اور فلسطین کے مسائل پر عالمی توجہ مبذول کرانے کی ضرورت پر زور دیا

نمبر 19
فرنیچر

صوبائی حکومت نے شہر میں ترقیاتی منصوبوں کے لئے بجٹ کی منظوری دے دی ہے جس سے شہریوں کو بنیادی سہولیات کی فراہمی ممکن ہو گی

محکمہ موسمیات کے مطابق آئندہ چند روز کے دوران ملک کے بیشتر علاقوں میں موسم گرم اور خشک رہنے کا امکان ہے جبکہ بعض مقامات پر بارش متوقع ہے

تعلیمی اداروں میں داخلوں کا سلسلہ شروع ہو گیا ہے اور طلبہ کی بڑی تعداد نے مختلف شعبوں میں داخلے کے لئے درخواستیں جمع کرائی ہیں

عدالت نے درخواست گزار کی جانب سے دائر مقدمے کی سماعت کے بعد فریقین کو آئندہ تاریخ پر پیش ہونے کا حکم جاری کیا ہے

اسٹاک مارکیٹ میں کاروبار کے دوران تیزی کا رجحان رہا اور سرمایہ کاروں نے مختلف شعبوں میں خریداری میں دلچسپی ظاہر کی

اسرائیل کا قبضہ مغربی کنارے کے فلسطینی علاقوں پر بدستور جاری ہے اور عالمی برادری کی جانب سے مسلسل مذمت کے باوجود صورتحال میں کوئی تبدیلی نہیں آئی

وزیراعظم نے اقوام متحدہ کی جنرل اسمبلی سے خطاب میں کشمیر اور فلسطین کے مسائل پر عالمی توجہ مبذول کرانے کی ضرورت پر زور دیا

صوبائی حکومت نے شہر میں ترقیاتی منصوبوں کے لئے بجٹ کی منظوری دے دی ہے جس سے شہریوں کو بنیادی سہولیات کی فراہمی ممکن ہو گی

محکمہ موسمیات کے مطابق آئندہ چند روز کے دوران ملک کے بیشتر علاقوں میں موسم گرم اور خشک رہنے کا امکان ہے جبکہ بعض مقامات پر بارش متوقع ہے

تعلیمی اداروں میں داخلوں کا سلسلہ شروع ہو گیا ہے اور طلبہ کی بڑی تعداد نے مختلف شعبوں میں داخلے کے لئے درخواستیں جمع کرائی ہیں

عدالت نے درخواست گزار کی جانب سے دائر مقدمے کی سماعت کے بعد فریقین کو آئندہ تاریخ پر پیش ہونے کا حکم جاری کیا ہے

اسٹاک مارکیٹ میں کاروبار کے دوران تیزی کا رجحان رہا اور سرمایہ کاروں نے مختلف شعبوں میں خریداری میں دلچسپی ظاہر کی

اسرائیل کا قبضہ مغربی کنارے کے فلسطینی علاقوں پر بدستور جاری ہے اور عالمی برادری کی جانب سے مسلسل مذمت کے باوجود صورتحال میں کوئی تبدیلی نہیں آئی

وزیراعظم نے اقوام متحدہ کی جنرل اسمبلی سے خطاب میں کشمیر اور فلسطین کے مسائل پر عالمی توجہ مبذول کرانے کی ضرورت پر زور دیا

صوبائی حکومت نے شہر میں ترقیاتی منصوبوں کے لئے بجٹ کی منظوری دے دی ہے جس سے شہریوں کو بنیادی سہولیات کی فراہمی ممکن ہو گی

محکمہ موسمیات کے مطابق آئندہ چند روز کے دوران ملک کے بیشتر علاقوں میں موسم گرم اور خشک رہنے کا امکان ہے جبکہ بعض مقامات پر بارش متوقع ہے

تعلیمی اداروں میں داخلوں کا سلسلہ شروع ہو گیا ہے اور طلبہ کی بڑی تعداد نے مختلف شعبوں میں داخلے کے لئے درخواستیں جمع کرائی ہیں

عدالت نے درخواست گزار کی جانب سے دائر مقدمے کی سماعت کے بعد فریقین کو آئندہ تاریخ پر پیش ہونے کا حکم جاری کیا ہے

اسٹاک مارکیٹ میں کاروبار کے دوران تیزی کا رجحان رہا اور سرمایہ کاروں نے مختلف شعبوں میں خریداری میں دلچسپی ظاہر کی

اسرائیل کا قبضہ مغربی کنارے کے فلسطینی علاقوں پر بدستور جاری ہے اور عالمی برادری کی جانب سے مسلسل مذمت کے باوجود صورتحال میں کوئی تبدیلی نہیں آئی

وزیراعظم نے اقوام متحدہ کی جنرل اسمبلی سے خطاب میں کشمیر اور فلسطین کے مسائل پر عالمی توجہ مبذول کرانے کی ضرورت پر زور دیا

صوبائی حکومت نے شہر میں ترقیاتی منصوبوں کے لئے بجٹ کی منظوری دے دی ہے جس سے شہریوں کو بنیادی سہولیات کی فراہمی ممکن ہو گی

محکمہ موسمیات کے مطابق آئندہ چند روز کے دوران ملک کے بیشتر علاقوں میں موسم گرم اور خشک رہنے کا امکان ہے جبکہ بعض مقامات پر بارش متوقع ہے

تعلیمی اداروں میں داخلوں کا سلسلہ شروع ہو گیا ہے اور طلبہ کی بڑی تعداد نے مختلف شعبوں میں داخلے کے لئے درخواستیں جمع کرائی ہیں

عدالت نے درخواست گزار کی جانب سے دائر مقدمے کی سماعت کے بعد فریقین کو آئندہ تاریخ پر پیش ہونے کا حکم جاری کیا ہے

اسٹاک مارکیٹ میں کاروبار کے دوران تیزی کا رجحان رہا اور سرمایہ کاروں نے مختلف شعبوں میں خریداری میں دلچسپی ظاہر کی

اسرائیل کا قبضہ مغربی کنارے کے فلسطینی علاقوں پر بدستور جاری ہے اور عالمی برادری کی جانب سے مسلسل مذمت کے باوجود صورتحال میں کوئی تبدیلی نہیں آئی

نمبر 20
دوا خانہ

وزیراعظم نے اقوام متحدہ کی جنرل اسمبلی سے خطاب میں کشمیر اور فلسطین کے مسائل پر عالمی توجہ مبذول کرانے کی ضرورت پر زور دیا

صوبائی حکومت نے شہر میں ترقیاتی منصوبوں کے لئے بجٹ کی منظوری دے دی ہے جس سے شہریوں کو بنیادی سہولیات کی فراہمی ممکن ہو گی

محکمہ موسمیات کے مطابق آئندہ چند روز کے دوران ملک کے بیشتر علاقوں میں موسم گرم اور خشک رہنے کا امکان ہے جبکہ بعض مقامات پر بارش متوقع ہے

تعلیمی اداروں میں داخلوں کا سلسلہ شروع ہو گیا ہے اور طلبہ کی بڑی تعداد نے مختلف شعبوں میں داخلے کے لئے درخواستیں جمع کرائی ہیں

عدالت نے درخواست گزار کی جانب سے دائر مقدمے کی سماعت کے بعد فریقین کو آئندہ تاریخ پر پیش ہونے کا حکم جاری کیا ہے

اسٹاک مارکیٹ میں کاروبار کے دوران تیزی کا رجحان رہا اور سرمایہ کاروں نے مختلف شعبوں میں خریداری میں دلچسپی ظاہر کی

اسرائیل کا قبضہ مغربی کنارے کے فلسطینی علاقوں پر بدستور جاری ہے اور عالمی برادری کی جانب سے مسلسل مذمت کے باوجود صورتحال میں کوئی تبدیلی نہیں آئی

وزیراعظم نے اقوام متحدہ کی جنرل اسمبلی سے خطاب میں کشمیر اور فلسطین کے مسائل پر عالمی توجہ مبذول کرانے کی ضرورت پر زور دیا

صوبائی حکومت نے شہر میں ترقیاتی منصوبوں کے لئے بجٹ کی منظوری دے دی ہے جس سے شہریوں کو بنیادی سہولیات کی فراہمی ممکن ہو گی

محکمہ موسمیات کے مطابق آئندہ چند روز کے دوران ملک کے بیشتر علاقوں میں موسم گرم اور خشک رہنے کا امکان ہے جبکہ بعض مقامات پر بارش متوقع ہے

تعلیمی اداروں میں داخلوں کا سلسلہ شروع ہو گیا ہے اور طلبہ کی بڑی تعداد نے مختلف شعبوں میں داخلے کے لئے درخواستیں جمع کرائی ہیں

عدالت نے درخواست گزار کی جانب سے دائر مقدمے کی سماعت کے بعد فریقین کو آئندہ تاریخ پر پیش ہونے کا حکم جاری کیا ہے

نمبر 21
گاڑیاں

اسٹاک مارکیٹ میں کاروبار کے دوران تیزی کا رجحان رہا اور سرمایہ کاروں نے مختلف شعبوں میں خریداری میں دلچسپی ظاہر کی

اسرائیل کا قبضہ مغربی کنارے کے فلسطینی علاقوں پر بدستور جاری ہے اور عالمی برادری کی جانب سے مسلسل مذمت کے باوجود صورتحال میں کوئی تبدیلی نہیں آئی

وزیراعظم نے اقوام متحدہ کی جنرل اسمبلی سے خطاب میں کشمیر اور فلسطین کے مسائل پر عالمی توجہ مبذول کرانے کی ضرورت پر زور دیا

صوبائی حکومت نے شہر میں ترقیاتی منصوبوں کے لئے بجٹ کی منظوری دے دی ہے جس سے شہریوں کو بنیادی سہولیات کی فراہمی ممکن ہو گی

محکمہ موسمیات کے مطابق آئندہ چند روز کے دوران ملک کے بیشتر علاقوں میں موسم گرم اور خشک رہنے کا امکان ہے جبکہ بعض مقامات پر بارش متوقع ہے

تعلیمی اداروں میں داخلوں کا سلسلہ شروع ہو گیا ہے اور طلبہ کی بڑی تعداد نے مختلف شعبوں میں داخلے کے لئے درخواستیں جمع کرائی ہیں

عدالت نے درخواست گزار کی جانب سے دائر مقدمے کی سماعت کے بعد فریقین کو آئندہ تاریخ پر پیش ہونے کا حکم جاری کیا ہے

اسٹاک مارکیٹ میں کاروبار کے دوران تیزی کا رجحان رہا اور سرمایہ کاروں نے مختلف شعبوں میں خریداری میں دلچسپی ظاہر کی

نمبر 22
موبائل

اسرائیل کا قبضہ مغربی کنارے کے فلسطینی علاقوں پر بدستور جاری ہے اور عالمی برادری کی جانب سے مسلسل مذمت کے باوجود صورتحال میں کوئی تبدیلی نہیں آئی

وزیراعظم نے اقوام متحدہ کی جنرل اسمبلی سے خطاب میں کشمیر اور فلسطین کے مسائل پر عالمی توجہ مبذول کرانے کی ضرورت پر زور دیا

نمبر 23
پاکستان

صوبائی حکومت نے شہر میں ترقیاتی منصوبوں کے لئے بجٹ کی منظوری دے دی ہے جس سے شہریوں کو بنیادی سہولیات کی فراہمی ممکن ہو گی

محکمہ موسمیات کے مطابق آئندہ چند روز کے دوران ملک کے بیشتر علاقوں میں موسم گرم اور خشک رہنے کا امکان ہے جبکہ بعض مقامات پر بارش متوقع ہے

تعلیمی اداروں میں داخلوں کا سلسلہ شروع ہو گیا ہے اور طلبہ کی بڑی تعداد نے مختلف شعبوں میں داخلے کے لئے درخواستیں جمع کرائی ہیں

عدالت نے درخواست گزار کی جانب سے دائر مقدمے کی سماعت کے بعد فریقین کو آئندہ تاریخ پر پیش ہونے کا حکم جاری کیا ہے

اسٹاک مارکیٹ میں کاروبار کے دوران تیزی کا رجحان رہا اور سرمایہ کاروں نے مختلف شعبوں میں خریداری میں دلچسپی ظاہر کی

اسرائیل کا قبضہ مغربی کنارے کے فلسطینی علاقوں پر بدستور جاری ہے اور عالمی برادری کی جانب سے مسلسل مذمت کے باوجود صورتحال میں کوئی تبدیلی نہیں آئی

وزیراعظم نے اقوام متحدہ کی جنرل اسمبلی سے خطاب میں کشمیر اور فلسطین کے مسائل پر عالمی توجہ مبذول کرانے کی ضرورت پر زور دیا

صوبائی حکومت نے شہر میں ترقیاتی منصوبوں کے لئے بجٹ کی منظوری دے دی ہے جس سے شہریوں کو بنیادی سہولیات کی فراہمی ممکن ہو گی

محکمہ موسمیات کے مطابق آئندہ چند روز کے دوران ملک کے بیشتر علاقوں میں موسم گرم اور خشک رہنے کا امکان ہے جبکہ بعض مقامات پر بارش متوقع ہے

تعلیمی اداروں میں داخلوں کا سلسلہ شروع ہو گیا ہے اور طلبہ کی بڑی تعداد نے مختلف شعبوں میں داخلے کے لئے درخواستیں جمع کرائی ہیں

عدالت نے درخواست گزار کی جانب سے دائر مقدمے کی سماعت کے بعد فریقین کو آئندہ تاریخ پر پیش ہونے کا حکم جاری کیا ہے

اسٹاک مارکیٹ میں کاروبار کے دوران تیزی کا رجحان رہا اور سرمایہ کاروں نے مختلف شعبوں میں خریداری میں دلچسپی ظاہر کی

اسرائیل کا قبضہ مغربی کنارے کے فلسطینی علاقوں پر بدستور جاری ہے اور عالمی برادری کی جانب سے مسلسل مذمت کے باوجود صورتحال میں کوئی تبدیلی نہیں آئی

وزیراعظم نے اقوام متحدہ کی جنرل اسمبلی سے خطاب میں کشمیر اور فلسطین کے مسائل پر عالمی توجہ مبذول کرانے کی ضرورت پر زور دیا

صوبائی حکومت نے شہر میں ترقیاتی منصوبوں کے لئے بجٹ کی منظوری دے دی ہے جس سے شہریوں کو بنیادی سہولیات کی فراہمی ممکن ہو گی

محکمہ موسمیات کے مطابق آئندہ چند روز کے دوران ملک کے بیشتر علاقوں میں موسم گرم اور خشک رہنے کا امکان ہے جبکہ بعض مقامات پر بارش متوقع ہے

تعلیمی اداروں میں داخلوں کا سلسلہ شروع ہو گیا ہے اور طلبہ کی بڑی تعداد نے مختلف شعبوں میں داخلے کے لئے درخواستیں جمع کرائی ہیں

عدالت نے درخواست گزار کی جانب سے دائر مقدمے کی سماعت کے بعد فریقین کو آئندہ تاریخ پر پیش ہونے کا حکم جاری کیا ہے

اسٹاک مارکیٹ میں کاروبار کے دوران تیزی کا رجحان رہا اور سرمایہ کاروں نے مختلف شعبوں میں خریداری میں دلچسپی ظاہر کی

اسرائیل کا قبضہ مغربی کنارے کے فلسطینی علاقوں پر بدستور جاری ہے اور عالمی برادری کی جانب سے مسلسل مذمت کے باوجود صورتحال میں کوئی تبدیلی نہیں آئی

وزیراعظم نے اقوام متحدہ کی جنرل اسمبلی سے خطاب میں کشمیر اور فلسطین کے مسائل پر عالمی توجہ مبذول کرانے کی ضرورت پر زور دیا

صوبائی حکومت نے شہر میں ترقیاتی منصوبوں کے لئے بجٹ کی منظوری دے دی ہے جس سے شہریوں کو بنیادی سہولیات کی فراہمی ممکن ہو گی

محکمہ موسمیات کے مطابق آئندہ چند روز کے دوران ملک کے بیشتر علاقوں میں موسم گرم اور خشک رہنے کا امکان ہے جبکہ بعض مقامات پر بارش متوقع ہے

تعلیمی اداروں میں داخلوں کا سلسلہ شروع ہو گیا ہے اور طلبہ کی بڑی تعداد نے مختلف شعبوں میں داخلے کے لئے درخواستیں جمع کرائی ہیں

عدالت نے درخواست گزار کی جانب سے دائر مقدمے کی سماعت کے بعد فریقین کو آئندہ تاریخ پر پیش ہونے کا حکم جاری کیا ہے

اسٹاک مارکیٹ میں کاروبار کے دوران تیزی کا رجحان رہا اور سرمایہ کاروں نے مختلف شعبوں میں خریداری میں دلچسپی ظاہر کی

اسرائیل کا قبضہ مغربی کنارے کے فلسطینی علاقوں پر بدستور جاری ہے اور عالمی برادری کی جانب سے مسلسل مذمت کے باوجود صورتحال میں کوئی تبدیلی نہیں آئی

وزیراعظم نے اقوام متحدہ کی جنرل اسمبلی سے خطاب میں کشمیر اور فلسطین کے مسائل پر عالمی توجہ مبذول کرانے کی ضرورت پر زور دیا

صوبائی حکومت نے شہر میں ترقیاتی منصوبوں کے لئے بجٹ کی منظوری دے دی ہے جس سے شہریوں کو بنیادی سہولیات کی فراہمی ممکن ہو گی

محکمہ موسمیات کے مطابق آئندہ چند روز کے دوران ملک کے بیشتر علاقوں میں موسم گرم اور خشک رہنے کا امکان ہے جبکہ بعض مقامات پر بارش متوقع ہے

تعلیمی اداروں میں داخلوں کا سلسلہ شروع ہو گیا ہے اور طلبہ کی بڑی تعداد نے مختلف شعبوں میں داخلے کے لئے درخواستیں جمع کرائی ہیں

عدالت نے درخواست گزار کی جانب سے دائر مقدمے کی سماعت کے بعد فریقین کو آئندہ تاریخ پر پیش ہونے کا حکم جاری کیا ہے

اسٹاک مارکیٹ میں کاروبار کے دوران تیزی کا رجحان رہا اور سرمایہ کاروں نے مختلف شعبوں میں خریداری میں دلچسپی ظاہر کی

اسرائیل کا قبضہ مغربی کنارے کے فلسطینی علاقوں پر بدستور جاری ہے اور عالمی برادری کی جانب سے مسلسل مذمت کے باوجود صورتحال میں کوئی تبدیلی نہیں آئی

وزیراعظم نے اقوام متحدہ کی جنرل اسمبلی سے خطاب میں کشمیر اور فلسطین کے مسائل پر عالمی توجہ مبذول کرانے کی ضرورت پر زور دیا

صوبائی حکومت نے شہر میں ترقیاتی منصوبوں کے لئے بجٹ کی منظوری دے دی ہے جس سے شہریوں کو بنیادی سہولیات کی فراہمی ممکن ہو گی

محکمہ موسمیات کے مطابق آئندہ چند روز کے دوران ملک کے بیشتر علاقوں میں موسم گرم اور خشک رہنے کا امکان ہے جبکہ بعض مقامات پر بارش متوقع ہے

تعلیمی اداروں میں داخلوں کا سلسلہ شروع ہو گیا ہے اور طلبہ کی بڑی تعداد نے مختلف شعبوں میں داخلے کے لئے درخواستیں جمع کرائی ہیں

عدالت نے درخواست گزار کی جانب سے دائر مقدمے کی سماعت کے بعد فریقین کو آئندہ تاریخ پر پیش ہونے کا حکم جاری کیا ہے

اسٹاک مارکیٹ میں کاروبار کے دوران تیزی کا رجحان رہا اور سرمایہ کاروں نے مختلف شعبوں میں خریداری میں دلچسپی ظاہر کی

نمبر 24
شادی

اسرائیل کا قبضہ مغربی کنارے کے فلسطینی علاقوں پر بدستور جاری ہے اور عالمی برادری کی جانب سے مسلسل مذمت کے باوجود صورتحال میں کوئی تبدیلی نہیں آئی

وزیراعظم نے اقوام متحدہ کی جنرل اسمبلی سے خطاب میں کشمیر اور فلسطین کے مسائل پر عالمی توجہ مبذول کرانے کی ضرورت پر زور دیا

صوبائی حکومت نے شہر میں ترقیاتی منصوبوں کے لئے بجٹ کی منظوری دے دی ہے جس سے شہریوں کو بنیادی سہولیات کی فراہمی ممکن ہو گی

محکمہ موسمیات کے مطابق آئندہ چند روز کے دوران ملک کے بیشتر علاقوں میں موسم گرم اور خشک رہنے کا امکان ہے جبکہ بعض مقامات پر بارش متوقع ہے

تعلیمی اداروں میں داخلوں کا سلسلہ شروع ہو گیا ہے اور طلبہ کی بڑی تعداد نے مختلف شعبوں میں داخلے کے لئے درخواستیں جمع کرائی ہیں

عدالت نے درخواست گزار کی جانب سے دائر مقدمے کی سماعت کے بعد فریقین کو آئندہ تاریخ پر پیش ہونے کا حکم جاری کیا ہے

اسٹاک مارکیٹ میں کاروبار کے دوران تیزی کا رجحان رہا اور سرمایہ کاروں نے مختلف شعبوں میں خریداری میں دلچسپی ظاہر کی

نمبر 25
متفرق

اسرائیل کا قبضہ مغربی کنارے کے فلسطینی علاقوں پر بدستور جاری ہے اور عالمی برادری کی جانب سے مسلسل مذمت کے باوجود صورتحال میں کوئی تبدیلی نہیں آئی

وزیراعظم نے اقوام متحدہ کی جنرل اسمبلی سے خطاب میں کشمیر اور فلسطین کے مسائل پر عالمی توجہ مبذول کرانے کی ضرورت پر زور دیا

صوبائی حکومت نے شہر میں ترقیاتی منصوبوں کے لئے بجٹ کی منظوری دے دی ہے جس سے شہریوں کو بنیادی سہولیات کی فراہمی ممکن ہو گی

محکمہ موسمیات کے مطابق آئندہ چند روز کے دوران ملک کے بیشتر علاقوں میں موسم گرم اور خشک رہنے کا امکان ہے جبکہ بعض مقامات پر بارش متوقع ہے

تعلیمی اداروں میں داخلوں کا سلسلہ شروع ہو گیا ہے اور طلبہ کی بڑی تعداد نے مختلف شعبوں میں داخلے کے لئے درخواستیں جمع کرائی ہیں

عدالت نے درخواست گزار کی جانب سے دائر مقدمے کی سماعت کے بعد فریقین کو آئندہ تاریخ پر پیش ہونے کا حکم جاری کیا ہے

اسٹاک مارکیٹ میں کاروبار کے دوران تیزی کا رجحان رہا اور سرمایہ کاروں نے مختلف شعبوں میں خریداری میں دلچسپی ظاہر کی

اسرائیل کا قبضہ مغربی کنارے کے فلسطینی علاقوں پر بدستور جاری ہے اور عالمی برادری کی جانب سے مسلسل مذمت کے باوجود صورتحال میں کوئی تبدیلی نہیں آئی

وزیراعظم نے اقوام متحدہ کی جنرل اسمبلی سے خطاب میں کشمیر اور فلسطین کے مسائل پر عالمی توجہ مبذول کرانے کی ضرورت پر زور دیا

صوبائی حکومت نے شہر میں ترقیاتی منصوبوں کے لئے بجٹ کی منظوری دے دی ہے جس سے شہریوں کو بنیادی سہولیات کی فراہمی ممکن ہو گی

محکمہ موسمیات کے مطابق آئندہ چند روز کے دوران ملک کے بیشتر علاقوں میں موسم گرم اور خشک رہنے کا امکان ہے جبکہ بعض مقامات پر بارش متوقع ہے

تعلیمی اداروں میں داخلوں کا سلسلہ شروع ہو گیا ہے اور طلبہ کی بڑی تعداد نے مختلف شعبوں میں داخلے کے لئے درخواستیں جمع کرائی ہیں

عدالت نے درخواست گزار کی جانب سے دائر مقدمے کی سماعت کے بعد فریقین کو آئندہ تاریخ پر پیش ہونے کا حکم جاری کیا ہے

اسٹاک مارکیٹ میں کاروبار کے دوران تیزی کا رجحان رہا اور سرمایہ کاروں نے مختلف شعبوں میں خریداری میں دلچسپی ظاہر کی

اسرائیل کا قبضہ مغربی کنارے کے فلسطینی علاقوں پر بدستور جاری ہے اور عالمی برادری کی جانب سے مسلسل مذمت کے باوجود صورتحال میں کوئی تبدیلی نہیں آئی

وزیراعظم نے اقوام متحدہ کی جنرل اسمبلی سے خطاب میں کشمیر اور فلسطین کے مسائل پر عالمی توجہ مبذول کرانے کی ضرورت پر زور دیا

نمبر 26
مارکیٹنگ

صوبائی حکومت نے شہر میں ترقیاتی منصوبوں کے لئے بجٹ کی منظوری دے دی ہے جس سے شہریوں کو بنیادی سہولیات کی فراہمی ممکن ہو گی

مختصر اشتہارات
شرح - /100 روپے فی سطر
اشتہارات کی بکنگ کے لئے رابطہ کریں
021-3565 5270,71,72
✎
تبدیلی نام	⚖
کورٹ نوٹس

میں نے اپنا نام تبدیل کر لیا ہے آئندہ مجھے نئے نام سے لکھا اور پکارا جائے شناختی کارڈ نمبر 37405-2262694-1

عدالت نے درخواست گزار کی جانب سے دائر مقدمے کی سماعت کے بعد فریقین کو آئندہ تاریخ پر پیش ہونے کا حکم جاری کیا ہے

میں نے اپنا نام تبدیل کر لیا ہے آئندہ مجھے نئے نام سے لکھا اور پکارا جائے شناختی کارڈ نمبر 37405-2262694-1

عدالت نے درخواست گزار کی جانب سے دائر مقدمے کی سماعت کے بعد فریقین کو آئندہ تاریخ پر پیش ہونے کا حکم جاری کیا ہے

MAINTENANCE OF PLAINTIFF & MINORS عدالت میں مقدمہ زیر سماعت ہے مدعا علیہ کو حکم دیا جاتا ہے کہ وہ تاریخ 29-09-2025 کو صبح 8:30 بجے حاضر ہو

میں نے اپنا نام تبدیل کر لیا ہے آئندہ مجھے نئے نام سے لکھا اور پکارا جائے شناختی کارڈ نمبر 37405-2262694-1

عدالت نے درخواست گزار کی جانب سے دائر مقدمے کی سماعت کے بعد فریقین کو آئندہ تاریخ پر پیش ہونے کا حکم جاری کیا ہے

MAINTENANCE OF PLAINTIFF & MINORS عدالت میں مقدمہ زیر سماعت ہے مدعا علیہ کو حکم دیا جاتا ہے کہ وہ تاریخ 29-09-2025 کو صبح 8:30 بجے حاضر ہو

میں نے اپنا نام تبدیل کر لیا ہے آئندہ مجھے نئے نام سے لکھا اور پکارا جائے شناختی کارڈ نمبر 37405-2262694-1

عدالت نے درخواست گزار کی جانب سے دائر مقدمے کی سماعت کے بعد فریقین کو آئندہ تاریخ پر پیش ہونے کا حکم جاری کیا ہے

MAINTENANCE OF PLAINTIFF & MINORS عدالت میں مقدمہ زیر سماعت ہے مدعا علیہ کو حکم دیا جاتا ہے کہ وہ تاریخ 29-09-2025 کو صبح 8:30 بجے حاضر ہو

میں نے اپنا نام تبدیل کر لیا ہے آئندہ مجھے نئے نام سے لکھا اور پکارا جائے شناختی کارڈ نمبر 37405-2262694-1

عدالت نے درخواست گزار کی جانب سے دائر مقدمے کی سماعت کے بعد فریقین کو آئندہ تاریخ پر پیش ہونے کا حکم جاری کیا ہے

MAINTENANCE OF PLAINTIFF & MINORS عدالت میں مقدمہ زیر سماعت ہے مدعا علیہ کو حکم دیا جاتا ہے کہ وہ تاریخ 29-09-2025 کو صبح 8:30 بجے حاضر ہو

میں نے اپنا نام تبدیل کر لیا ہے آئندہ مجھے نئے نام سے لکھا اور پکارا جائے شناختی کارڈ نمبر 37405-2262694-1

عدالت نے درخواست گزار کی جانب سے دائر مقدمے کی سماعت کے بعد فریقین کو آئندہ تاریخ پر پیش ہونے کا حکم جاری کیا ہے

MAINTENANCE OF PLAINTIFF & MINORS عدالت میں مقدمہ زیر سماعت ہے مدعا علیہ کو حکم دیا جاتا ہے کہ وہ تاریخ 29-09-2025 کو صبح 8:30 بجے حاضر ہو

میں نے اپنا نام تبدیل کر لیا ہے آئندہ مجھے نئے نام سے لکھا اور پکارا جائے شناختی کارڈ نمبر 37405-2262694-1

عدالت نے درخواست گزار کی جانب سے دائر مقدمے کی سماعت کے بعد فریقین کو آئندہ تاریخ پر پیش ہونے کا حکم جاری کیا ہے

MAINTENANCE OF PLAINTIFF & MINORS عدالت میں مقدمہ زیر سماعت ہے مدعا علیہ کو حکم دیا جاتا ہے کہ وہ تاریخ 29-09-2025 کو صبح 8:30 بجے حاضر ہو

میں نے اپنا نام تبدیل کر لیا ہے آئندہ مجھے نئے نام سے لکھا اور پکارا جائے شناختی کارڈ نمبر 37405-2262694-1

عدالت نے درخواست گزار کی جانب سے دائر مقدمے کی سماعت کے بعد فریقین کو آئندہ تاریخ پر پیش ہونے کا حکم جاری کیا ہے

عدالت نے درخواست گزار کی جانب سے دائر مقدمے کی سماعت کے بعد فریقین کو آئندہ تاریخ پر پیش ہونے کا حکم جاری کیا ہے

MAINTENANCE OF PLAINTIFF & MINORS عدالت میں مقدمہ زیر سماعت ہے مدعا علیہ کو حکم دیا جاتا ہے کہ وہ تاریخ 29-09-2025 کو صبح 8:30 بجے حاضر ہو

عدالت نے درخواست گزار کی جانب سے دائر مقدمے کی سماعت کے بعد فریقین کو آئندہ تاریخ پر پیش ہونے کا حکم جاری کیا ہے

رشتہ درکار ہے تعلیم یافتہ شریف خاندان کے لئے رابطہ کریں 0311-3678208 AHA STF

عدالت نے درخواست گزار کی جانب سے دائر مقدمے کی سماعت کے بعد فریقین کو آئندہ تاریخ پر پیش ہونے کا حکم جاری کیا ہے

MAINTENANCE OF PLAINTIFF & MINORS عدالت میں مقدمہ زیر سماعت ہے مدعا علیہ کو حکم دیا جاتا ہے کہ وہ تاریخ 29-09-2025 کو صبح 8:30 بجے حاضر ہو

عدالت نے درخواست گزار کی جانب سے دائر مقدمے کی سماعت کے بعد فریقین کو آئندہ تاریخ پر پیش ہونے کا حکم جاری کیا ہے

رشتہ درکار ہے تعلیم یافتہ شریف خاندان کے لئے رابطہ کریں 0311-3678208 AHA STF

عدالت نے درخواست گزار کی جانب سے دائر مقدمے کی سماعت کے بعد فریقین کو آئندہ تاریخ پر پیش ہونے کا حکم جاری کیا ہے

MAINTENANCE OF PLAINTIFF & MINORS عدالت میں مقدمہ زیر سماعت ہے مدعا علیہ کو حکم دیا جاتا ہے کہ وہ تاریخ 29-09-2025 کو صبح 8:30 بجے حاضر ہو

عدالت نے درخواست گزار کی جانب سے دائر مقدمے کی سماعت کے بعد فریقین کو آئندہ تاریخ پر پیش ہونے کا حکم جاری کیا ہے

رشتہ درکار ہے تعلیم یافتہ شریف خاندان کے لئے رابطہ کریں 0311-3678208 AHA STF

عدالت نے درخواست گزار کی جانب سے دائر مقدمے کی سماعت کے بعد فریقین کو آئندہ تاریخ پر پیش ہونے کا حکم جاری کیا ہے

MAINTENANCE OF PLAINTIFF & MINORS عدالت میں مقدمہ زیر سماعت ہے مدعا علیہ کو حکم دیا جاتا ہے کہ وہ تاریخ 29-09-2025 کو صبح 8:30 بجے حاضر ہو

عدالت نے درخواست گزار کی جانب سے دائر مقدمے کی سماعت کے بعد فریقین کو آئندہ تاریخ پر پیش ہونے کا حکم جاری کیا ہے

رشتہ درکار ہے تعلیم یافتہ شریف خاندان کے لئے رابطہ کریں 0311-3678208 AHA STF

عدالت نے درخواست گزار کی جانب سے دائر مقدمے کی سماعت کے بعد فریقین کو آئندہ تاریخ پر پیش ہونے کا حکم جاری کیا ہے

MAINTENANCE OF PLAINTIFF & MINORS عدالت میں مقدمہ زیر سماعت ہے مدعا علیہ کو حکم دیا جاتا ہے کہ وہ تاریخ 29-09-2025 کو صبح 8:30 بجے حاضر ہو

عدالت نے درخواست گزار کی جانب سے دائر مقدمے کی سماعت کے بعد فریقین کو آئندہ تاریخ پر پیش ہونے کا حکم جاری کیا ہے

رشتہ درکار ہے تعلیم یافتہ شریف خاندان کے لئے رابطہ کریں 0311-3678208 AHA STF

عدالت نے درخواست گزار کی جانب سے دائر مقدمے کی سماعت کے بعد فریقین کو آئندہ تاریخ پر پیش ہونے کا حکم جاری کیا ہے

نمبر 29
خرید و فروخت

اسرائیل کا قبضہ مغربی کنارے کے فلسطینی علاقوں پر بدستور جاری ہے اور عالمی برادری کی جانب سے مسلسل مذمت کے باوجود صورتحال میں کوئی تبدیلی نہیں آئی

وزیراعظم نے اقوام متحدہ کی جنرل اسمبلی سے خطاب میں کشمیر اور فلسطین کے مسائل پر عالمی توجہ مبذول کرانے کی ضرورت پر زور دیا

صوبائی حکومت نے شہر میں ترقیاتی منصوبوں کے لئے بجٹ کی منظوری دے دی ہے جس سے شہریوں کو بنیادی سہولیات کی فراہمی ممکن ہو گی

محکمہ موسمیات کے مطابق آئندہ چند روز کے دوران ملک کے بیشتر علاقوں میں موسم گرم اور خشک رہنے کا امکان ہے جبکہ بعض مقامات پر بارش متوقع ہے

نمبر 30
دستکاری

تعلیمی اداروں میں داخلوں کا سلسلہ شروع ہو گیا ہے اور طلبہ کی بڑی تعداد نے مختلف شعبوں میں داخلے کے لئے درخواستیں جمع کرائی ہیں

عدالت نے درخواست گزار کی جانب سے دائر مقدمے کی سماعت کے بعد فریقین کو آئندہ تاریخ پر پیش ہونے کا حکم جاری کیا ہے

اسٹاک مارکیٹ میں کاروبار کے دوران تیزی کا رجحان رہا اور سرمایہ کاروں نے مختلف شعبوں میں خریداری میں دلچسپی ظاہر کی

نمبر 31
رشتہ

رشتہ درکار ہے تعلیم یافتہ شریف خاندان کے لئے رابطہ کریں 0311-3678208 AHA STF

اسرائیل کا قبضہ مغربی کنارے کے فلسطینی علاقوں پر بدستور جاری ہے اور عالمی برادری کی جانب سے مسلسل مذمت کے باوجود صورتحال میں کوئی تبدیلی نہیں آئی

وزیراعظم نے اقوام متحدہ کی جنرل اسمبلی سے خطاب میں کشمیر اور فلسطین کے مسائل پر عالمی توجہ مبذول کرانے کی ضرورت پر زور دیا

صوبائی حکومت نے شہر میں ترقیاتی منصوبوں کے لئے بجٹ کی منظوری دے دی ہے جس سے شہریوں کو بنیادی سہولیات کی فراہمی ممکن ہو گی

محکمہ موسمیات کے مطابق آئندہ چند روز کے دوران ملک کے بیشتر علاقوں میں موسم گرم اور خشک رہنے کا امکان ہے جبکہ بعض مقامات پر بارش متوقع ہے

نمبر 32
گمشدگی

تعلیمی اداروں میں داخلوں کا سلسلہ شروع ہو گیا ہے اور طلبہ کی بڑی تعداد نے مختلف شعبوں میں داخلے کے لئے درخواستیں جمع کرائی ہیں

عدالت نے درخواست گزار کی جانب سے دائر مقدمے کی سماعت کے بعد فریقین کو آئندہ تاریخ پر پیش ہونے کا حکم جاری کیا ہے

اسٹاک مارکیٹ میں کاروبار کے دوران تیزی کا رجحان رہا اور سرمایہ کاروں نے مختلف شعبوں میں خریداری میں دلچسپی ظاہر کی

اسرائیل کا قبضہ مغربی کنارے کے فلسطینی علاقوں پر بدستور جاری ہے اور عالمی برادری کی جانب سے مسلسل مذمت کے باوجود صورتحال میں کوئی تبدیلی نہیں آئی

وزیراعظم نے اقوام متحدہ کی جنرل اسمبلی سے خطاب میں کشمیر اور فلسطین کے مسائل پر عالمی توجہ مبذول کرانے کی ضرورت پر زور دیا

صوبائی حکومت نے شہر میں ترقیاتی منصوبوں کے لئے بجٹ کی منظوری دے دی ہے جس سے شہریوں کو بنیادی سہولیات کی فراہمی ممکن ہو گی

محکمہ موسمیات کے مطابق آئندہ چند روز کے دوران ملک کے بیشتر علاقوں میں موسم گرم اور خشک رہنے کا امکان ہے جبکہ بعض مقامات پر بارش متوقع ہے

تعلیمی اداروں میں داخلوں کا سلسلہ شروع ہو گیا ہے اور طلبہ کی بڑی تعداد نے مختلف شعبوں میں داخلے کے لئے درخواستیں جمع کرائی ہیں

وزیراعظم نے اقوام متحدہ کی جنرل اسمبلی سے خطاب میں کشمیر اور فلسطین کے مسائل پر عالمی توجہ مبذول کرانے کی ضرورت پر زور دیا

صوبائی حکومت نے شہر میں ترقیاتی منصوبوں کے لئے بجٹ کی منظوری دے دی ہے جس سے شہریوں کو بنیادی سہولیات کی فراہمی ممکن ہو گی

محکمہ موسمیات کے مطابق آئندہ چند روز کے دوران ملک کے بیشتر علاقوں میں موسم گرم اور خشک رہنے کا امکان ہے جبکہ بعض مقامات پر بارش متوقع ہے

تعلیمی اداروں میں داخلوں کا سلسلہ شروع ہو گیا ہے اور طلبہ کی بڑی تعداد نے مختلف شعبوں میں داخلے کے لئے درخواستیں جمع کرائی ہیں

عدالت نے درخواست گزار کی جانب سے دائر مقدمے کی سماعت کے بعد فریقین کو آئندہ تاریخ پر پیش ہونے کا حکم جاری کیا ہے

اسٹاک مارکیٹ میں کاروبار کے دوران تیزی کا رجحان رہا اور سرمایہ کاروں نے مختلف شعبوں میں خریداری میں دلچسپی ظاہر کی

نمبر 27
سائنس

اسرائیل کا قبضہ مغربی کنارے کے فلسطینی علاقوں پر بدستور جاری ہے اور عالمی برادری کی جانب سے مسلسل مذمت کے باوجود صورتحال میں کوئی تبدیلی نہیں آئی

وزیراعظم نے اقوام متحدہ کی جنرل اسمبلی سے خطاب میں کشمیر اور فلسطین کے مسائل پر عالمی توجہ مبذول کرانے کی ضرورت پر زور دیا

صوبائی حکومت نے شہر میں ترقیاتی منصوبوں کے لئے بجٹ کی منظوری دے دی ہے جس سے شہریوں کو بنیادی سہولیات کی فراہمی ممکن ہو گی

محکمہ موسمیات کے مطابق آئندہ چند روز کے دوران ملک کے بیشتر علاقوں میں موسم گرم اور خشک رہنے کا امکان ہے جبکہ بعض مقامات پر بارش متوقع ہے

تعلیمی اداروں میں داخلوں کا سلسلہ شروع ہو گیا ہے اور طلبہ کی بڑی تعداد نے مختلف شعبوں میں داخلے کے لئے درخواستیں جمع کرائی ہیں

عدالت نے درخواست گزار کی جانب سے دائر مقدمے کی سماعت کے بعد فریقین کو آئندہ تاریخ پر پیش ہونے کا حکم جاری کیا ہے

اسٹاک مارکیٹ میں کاروبار کے دوران تیزی کا رجحان رہا اور سرمایہ کاروں نے مختلف شعبوں میں خریداری میں دلچسپی ظاہر کی

اسرائیل کا قبضہ مغربی کنارے کے فلسطینی علاقوں پر بدستور جاری ہے اور عالمی برادری کی جانب سے مسلسل مذمت کے باوجود صورتحال میں کوئی تبدیلی نہیں آئی

وزیراعظم نے اقوام متحدہ کی جنرل اسمبلی سے خطاب میں کشمیر اور فلسطین کے مسائل پر عالمی توجہ مبذول کرانے کی ضرورت پر زور دیا

صوبائی حکومت نے شہر میں ترقیاتی منصوبوں کے لئے بجٹ کی منظوری دے دی ہے جس سے شہریوں کو بنیادی سہولیات کی فراہمی ممکن ہو گی

نمبر 28
قسمت کی

محکمہ موسمیات کے مطابق آئندہ چند روز کے دوران ملک کے بیشتر علاقوں میں موسم گرم اور خشک رہنے کا امکان ہے جبکہ بعض مقامات پر بارش متوقع ہے

تعلیمی اداروں میں داخلوں کا سلسلہ شروع ہو گیا ہے اور طلبہ کی بڑی تعداد نے مختلف شعبوں میں داخلے کے لئے درخواستیں جمع کرائی ہیں

عدالت نے درخواست گزار کی جانب سے دائر مقدمے کی سماعت کے بعد فریقین کو آئندہ تاریخ پر پیش ہونے کا حکم جاری کیا ہے

اسٹاک مارکیٹ میں کاروبار کے دوران تیزی کا رجحان رہا اور سرمایہ کاروں نے مختلف شعبوں میں خریداری میں دلچسپی ظاہر کی

اسرائیل کا قبضہ مغربی کنارے کے فلسطینی علاقوں پر بدستور جاری ہے اور عالمی برادری کی جانب سے مسلسل مذمت کے باوجود صورتحال میں کوئی تبدیلی نہیں آئی

وزیراعظم نے اقوام متحدہ کی جنرل اسمبلی سے خطاب میں کشمیر اور فلسطین کے مسائل پر عالمی توجہ مبذول کرانے کی ضرورت پر زور دیا

صوبائی حکومت نے شہر میں ترقیاتی منصوبوں کے لئے بجٹ کی منظوری دے دی ہے جس سے شہریوں کو بنیادی سہولیات کی فراہمی ممکن ہو گی

محکمہ موسمیات کے مطابق آئندہ چند روز کے دوران ملک کے بیشتر علاقوں میں موسم گرم اور خشک رہنے کا امکان ہے جبکہ بعض مقامات پر بارش متوقع ہے

تعلیمی اداروں میں داخلوں کا سلسلہ شروع ہو گیا ہے اور طلبہ کی بڑی تعداد نے مختلف شعبوں میں داخلے کے لئے درخواستیں جمع کرائی ہیں
